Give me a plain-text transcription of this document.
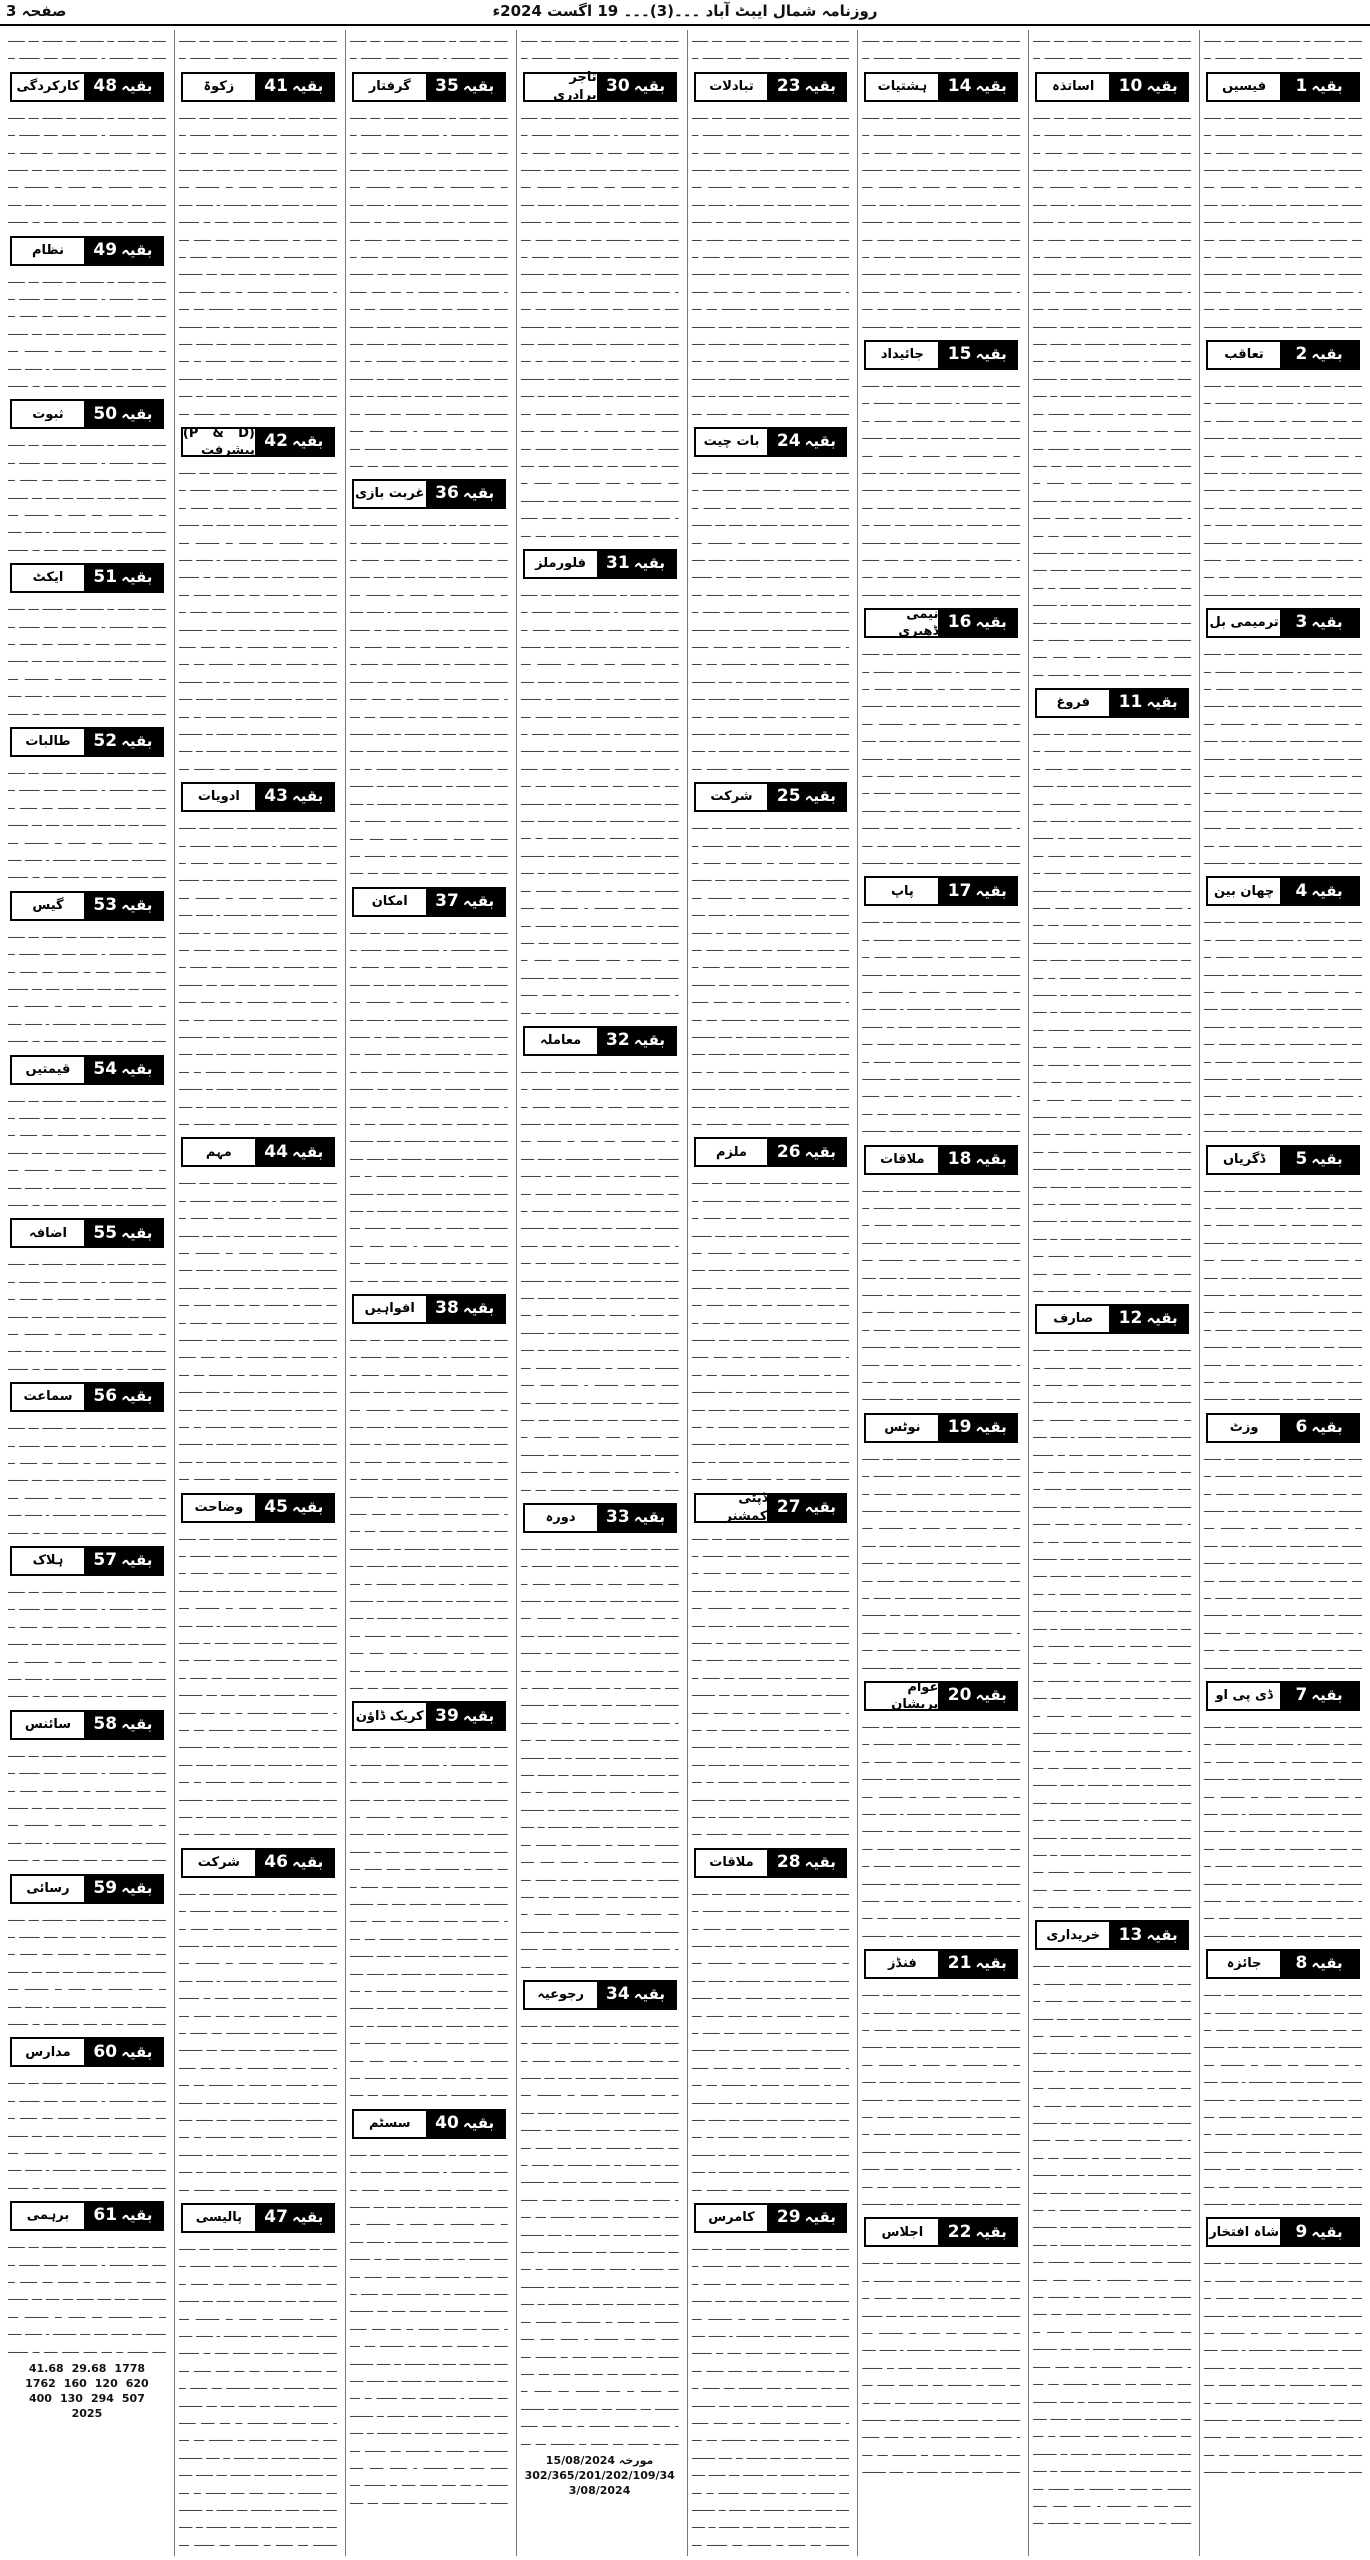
روزنامہ شمال ایبٹ آباد ۔۔۔(3)۔۔۔ 19 اگست 2024ء
صفحہ 3

ــــ ـــ ـــــ ــ ـــــــ ـــ ــــــ ـــ ـــــ ــــ ـــ ـــــــ ـ ـــــ ــــ ــــ ــــــ ــ

بقیہ
1
فیسیں

ــــ ـــ ـــــ ــ ـــــــ ـــ ــــــ ـــ ـــــ ــــ ـــ ـــــــ ـ ـــــ ــــ ــــ ــــــ ــ ـــ ــــ ـــــ ــــ ــ ــــــ ـــ ـــــ ــ ـــــــ ـــ ـــ ــــ ـــــ ـــ ــــ ـــ ــــــ ــ ــــ ـــــــ ـــ ـــــ ــ ـــــــ ـــ ــــــ ـــ ـــــ ــــ ـــ ـــــــ ـ ـــــ ــــ ــــ ــــــ ــ ـــ ــــ ـــــ ــــ ــ ــــــ ـــ ـــــ ــ ـــــــ ـــ ـــ ــــ ـــــ ـــ ــــ ـــ ــــــ ــ ــــ ـــــــ ـــ ـــــ ــ ـــــــ ـــ ــــــ ـــ ـــــ ــــ ـــ ـــــــ ـ ـــــ ــــ ــــ ــــــ ــ ـــ ــــ ـــــ ــــ ــ ــــــ ـــ ـــــ ــ ـــــــ ـــ ـــ ــــ ـــــ ـــ ــــ ـــ ــــــ ــ ــــ ـــــــ

بقیہ
2
تعاقب

ــــ ـــ ـــــ ــ ـــــــ ـــ ــــــ ـــ ـــــ ــــ ـــ ـــــــ ـ ـــــ ــــ ــــ ــــــ ــ ـــ ــــ ـــــ ــــ ــ ــــــ ـــ ـــــ ــ ـــــــ ـــ ـــ ــــ ـــــ ـــ ــــ ـــ ــــــ ــ ــــ ـــــــ ـــ ـــــ ــ ـــــــ ـــ ــــــ ـــ ـــــ ــــ ـــ ـــــــ ـ ـــــ ــــ ــــ ــــــ ــ ـــ ــــ ـــــ ــــ ــ ــــــ ـــ ـــــ ــ ـــــــ ـــ ـــ ــــ ـــــ ـــ ــــ ـــ ــــــ ــ ــــ ـــــــ ـــ ـــــ ــ ـــــــ ـــ ــــــ ـــ ـــــ ــــ ـــ ـــــــ ـ ـــــ ــــ ــــ ــــــ ــ ـــ ــــ ـــــ ــــ ــ ــــــ ـــ ـــــ ــ ـــــــ ـــ ـــ ــــ ـــــ ـــ ــــ ـــ ــــــ ــ ــــ ـــــــ

بقیہ
3
ترمیمی بل

ــــ ـــ ـــــ ــ ـــــــ ـــ ــــــ ـــ ـــــ ــــ ـــ ـــــــ ـ ـــــ ــــ ــــ ــــــ ــ ـــ ــــ ـــــ ــــ ــ ــــــ ـــ ـــــ ــ ـــــــ ـــ ـــ ــــ ـــــ ـــ ــــ ـــ ــــــ ــ ــــ ـــــــ ـــ ـــــ ــ ـــــــ ـــ ــــــ ـــ ـــــ ــــ ـــ ـــــــ ـ ـــــ ــــ ــــ ــــــ ــ ـــ ــــ ـــــ ــــ ــ ــــــ ـــ ـــــ ــ ـــــــ ـــ ـــ ــــ ـــــ ـــ ــــ ـــ ــــــ ــ ــــ ـــــــ ـــ ـــــ ــ ـــــــ ـــ ــــــ ـــ ـــــ ــــ ـــ ـــــــ ـ ـــــ ــــ ــــ ــــــ ــ ـــ ــــ ـــــ ــــ ــ ــــــ ـــ ـــــ ــ ـــــــ ـــ ـــ ــــ ـــــ ـــ ــــ ـــ ــــــ ــ ــــ ـــــــ

بقیہ
4
چھان بین

ــــ ـــ ـــــ ــ ـــــــ ـــ ــــــ ـــ ـــــ ــــ ـــ ـــــــ ـ ـــــ ــــ ــــ ــــــ ــ ـــ ــــ ـــــ ــــ ــ ــــــ ـــ ـــــ ــ ـــــــ ـــ ـــ ــــ ـــــ ـــ ــــ ـــ ــــــ ــ ــــ ـــــــ ـــ ـــــ ــ ـــــــ ـــ ــــــ ـــ ـــــ ــــ ـــ ـــــــ ـ ـــــ ــــ ــــ ــــــ ــ ـــ ــــ ـــــ ــــ ــ ــــــ ـــ ـــــ ــ ـــــــ ـــ ـــ ــــ ـــــ ـــ ــــ ـــ ــــــ ــ ــــ ـــــــ ـــ ـــــ ــ ـــــــ ـــ ــــــ ـــ ـــــ ــــ ـــ ـــــــ ـ ـــــ ــــ ــــ ــــــ ــ ـــ ــــ ـــــ ــــ ــ ــــــ ـــ ـــــ ــ ـــــــ ـــ ـــ ــــ ـــــ ـــ ــــ ـــ ــــــ ــ ــــ ـــــــ

بقیہ
5
ڈگریاں

ــــ ـــ ـــــ ــ ـــــــ ـــ ــــــ ـــ ـــــ ــــ ـــ ـــــــ ـ ـــــ ــــ ــــ ــــــ ــ ـــ ــــ ـــــ ــــ ــ ــــــ ـــ ـــــ ــ ـــــــ ـــ ـــ ــــ ـــــ ـــ ــــ ـــ ــــــ ــ ــــ ـــــــ ـــ ـــــ ــ ـــــــ ـــ ــــــ ـــ ـــــ ــــ ـــ ـــــــ ـ ـــــ ــــ ــــ ــــــ ــ ـــ ــــ ـــــ ــــ ــ ــــــ ـــ ـــــ ــ ـــــــ ـــ ـــ ــــ ـــــ ـــ ــــ ـــ ــــــ ــ ــــ ـــــــ ـــ ـــــ ــ ـــــــ ـــ ــــــ ـــ ـــــ ــــ ـــ ـــــــ ـ ـــــ ــــ ــــ ــــــ ــ ـــ ــــ ـــــ ــــ ــ ــــــ ـــ ـــــ ــ ـــــــ ـــ ـــ ــــ ـــــ ـــ ــــ ـــ ــــــ ــ ــــ ـــــــ

بقیہ
6
وزٹ

ــــ ـــ ـــــ ــ ـــــــ ـــ ــــــ ـــ ـــــ ــــ ـــ ـــــــ ـ ـــــ ــــ ــــ ــــــ ــ ـــ ــــ ـــــ ــــ ــ ــــــ ـــ ـــــ ــ ـــــــ ـــ ـــ ــــ ـــــ ـــ ــــ ـــ ــــــ ــ ــــ ـــــــ ـــ ـــــ ــ ـــــــ ـــ ــــــ ـــ ـــــ ــــ ـــ ـــــــ ـ ـــــ ــــ ــــ ــــــ ــ ـــ ــــ ـــــ ــــ ــ ــــــ ـــ ـــــ ــ ـــــــ ـــ ـــ ــــ ـــــ ـــ ــــ ـــ ــــــ ــ ــــ ـــــــ ـــ ـــــ ــ ـــــــ ـــ ــــــ ـــ ـــــ ــــ ـــ ـــــــ ـ ـــــ ــــ ــــ ــــــ ــ ـــ ــــ ـــــ ــــ ــ ــــــ ـــ ـــــ ــ ـــــــ ـــ ـــ ــــ ـــــ ـــ ــــ ـــ ــــــ ــ ــــ ـــــــ

بقیہ
7
ڈی پی او

ــــ ـــ ـــــ ــ ـــــــ ـــ ــــــ ـــ ـــــ ــــ ـــ ـــــــ ـ ـــــ ــــ ــــ ــــــ ــ ـــ ــــ ـــــ ــــ ــ ــــــ ـــ ـــــ ــ ـــــــ ـــ ـــ ــــ ـــــ ـــ ــــ ـــ ــــــ ــ ــــ ـــــــ ـــ ـــــ ــ ـــــــ ـــ ــــــ ـــ ـــــ ــــ ـــ ـــــــ ـ ـــــ ــــ ــــ ــــــ ــ ـــ ــــ ـــــ ــــ ــ ــــــ ـــ ـــــ ــ ـــــــ ـــ ـــ ــــ ـــــ ـــ ــــ ـــ ــــــ ــ ــــ ـــــــ ـــ ـــــ ــ ـــــــ ـــ ــــــ ـــ ـــــ ــــ ـــ ـــــــ ـ ـــــ ــــ ــــ ــــــ ــ ـــ ــــ ـــــ ــــ ــ ــــــ ـــ ـــــ ــ ـــــــ ـــ ـــ ــــ ـــــ ـــ ــــ ـــ ــــــ ــ ــــ ـــــــ

بقیہ
8
جائزہ

ــــ ـــ ـــــ ــ ـــــــ ـــ ــــــ ـــ ـــــ ــــ ـــ ـــــــ ـ ـــــ ــــ ــــ ــــــ ــ ـــ ــــ ـــــ ــــ ــ ــــــ ـــ ـــــ ــ ـــــــ ـــ ـــ ــــ ـــــ ـــ ــــ ـــ ــــــ ــ ــــ ـــــــ ـــ ـــــ ــ ـــــــ ـــ ــــــ ـــ ـــــ ــــ ـــ ـــــــ ـ ـــــ ــــ ــــ ــــــ ــ ـــ ــــ ـــــ ــــ ــ ــــــ ـــ ـــــ ــ ـــــــ ـــ ـــ ــــ ـــــ ـــ ــــ ـــ ــــــ ــ ــــ ـــــــ ـــ ـــــ ــ ـــــــ ـــ ــــــ ـــ ـــــ ــــ ـــ ـــــــ ـ ـــــ ــــ ــــ ــــــ ــ ـــ ــــ ـــــ ــــ ــ ــــــ ـــ ـــــ ــ ـــــــ ـــ ـــ ــــ ـــــ ـــ ــــ ـــ ــــــ ــ ــــ ـــــــ

بقیہ
9
شاہ افتخار

ــــ ـــ ـــــ ــ ـــــــ ـــ ــــــ ـــ ـــــ ــــ ـــ ـــــــ ـ ـــــ ــــ ــــ ــــــ ــ ـــ ــــ ـــــ ــــ ــ ــــــ ـــ ـــــ ــ ـــــــ ـــ ـــ ــــ ـــــ ـــ ــــ ـــ ــــــ ــ ــــ ـــــــ ـــ ـــــ ــ ـــــــ ـــ ــــــ ـــ ـــــ ــــ ـــ ـــــــ ـ ـــــ ــــ ــــ ــــــ ــ ـــ ــــ ـــــ ــــ ــ ــــــ ـــ ـــــ ــ ـــــــ ـــ ـــ ــــ ـــــ ـــ ــــ ـــ ــــــ ــ ــــ ـــــــ ـــ ـــــ ــ ـــــــ ـــ ــــــ ـــ ـــــ ــــ ـــ ـــــــ ـ ـــــ ــــ ــــ ــــــ ــ ـــ ــــ ـــــ ــــ ــ ــــــ ـــ ـــــ ــ ـــــــ ـــ ـــ ــــ ـــــ ـــ ــــ ـــ ــــــ ــ ــــ ـــــــ

ــــ ـــ ـــــ ــ ـــــــ ـــ ــــــ ـــ ـــــ ــــ ـــ ـــــــ ـ ـــــ ــــ ــــ ــــــ ــ

بقیہ
10
اساتذہ

ــــ ـــ ـــــ ــ ـــــــ ـــ ــــــ ـــ ـــــ ــــ ـــ ـــــــ ـ ـــــ ــــ ــــ ــــــ ــ ـــ ــــ ـــــ ــــ ــ ــــــ ـــ ـــــ ــ ـــــــ ـــ ـــ ــــ ـــــ ـــ ــــ ـــ ــــــ ــ ــــ ـــــــ ـــ ـــــ ــ ـــــــ ـــ ــــــ ـــ ـــــ ــــ ـــ ـــــــ ـ ـــــ ــــ ــــ ــــــ ــ ـــ ــــ ـــــ ــــ ــ ــــــ ـــ ـــــ ــ ـــــــ ـــ ـــ ــــ ـــــ ـــ ــــ ـــ ــــــ ــ ــــ ـــــــ ـــ ـــــ ــ ـــــــ ـــ ــــــ ـــ ـــــ ــــ ـــ ـــــــ ـ ـــــ ــــ ــــ ــــــ ــ ـــ ــــ ـــــ ــــ ــ ــــــ ـــ ـــــ ــ ـــــــ ـــ ـــ ــــ ـــــ ـــ ــــ ـــ ــــــ ــ ــــ ـــــــ ـــ ـــــ ــ ـــــــ ـــ ــــــ ـــ ـــــ ــــ ـــ ـــــــ ـ ـــــ ــــ ــــ ــــــ ــ ـــ ــــ ـــــ ــــ ــ ــــــ ـــ ـــــ ــ ـــــــ ـــ ـــ ــــ ـــــ ـــ ــــ ـــ ــــــ ــ ــــ ـــــــ ـــ ـــــ ــ ـــــــ ـــ ــــــ ـــ ـــــ ــــ ـــ ـــــــ ـ ـــــ ــــ ــــ ــــــ ــ ـــ ــــ ـــــ ــــ ــ ــــــ ـــ ـــــ ــ ـــــــ ـــ ـــ ــــ ـــــ ـــ ــــ ـــ ــــــ ــ ــــ ـــــــ ـــ ـــــ ــ ـــــــ ـــ ــــــ ـــ ـــــ ــــ ـــ ـــــــ ـ ـــــ ــــ ــــ ــــــ ــ ـــ ــــ ـــــ ــــ ــ ــــــ ـــ ـــــ ــ ـــــــ ـــ ـــ ــــ ـــــ ـــ ــــ ـــ ــــــ ــ ــــ ـــــــ ـــ ـــــ ــ ـــــــ ـــ ــــــ ـــ ـــــ ــــ ـــ ـــــــ ـ ـــــ ــــ ــــ ــــــ ــ ـــ ــــ ـــــ ــــ ــ ــــــ ـــ ـــــ ــ ـــــــ ـــ ـــ ــــ ـــــ ـــ ــــ ـــ ــــــ ــ ــــ ـــــــ ـــ ـــــ ــ ـــــــ ـــ ــــــ ـــ ـــــ ــــ ـــ ـــــــ ـ ـــــ ــــ ــــ ــــــ ــ ـــ ــــ ـــــ ــــ ــ ــــــ ـــ

بقیہ
11
فروغ

ــــ ـــ ـــــ ــ ـــــــ ـــ ــــــ ـــ ـــــ ــــ ـــ ـــــــ ـ ـــــ ــــ ــــ ــــــ ــ ـــ ــــ ـــــ ــــ ــ ــــــ ـــ ـــــ ــ ـــــــ ـــ ـــ ــــ ـــــ ـــ ــــ ـــ ــــــ ــ ــــ ـــــــ ـــ ـــــ ــ ـــــــ ـــ ــــــ ـــ ـــــ ــــ ـــ ـــــــ ـ ـــــ ــــ ــــ ــــــ ــ ـــ ــــ ـــــ ــــ ــ ــــــ ـــ ـــــ ــ ـــــــ ـــ ـــ ــــ ـــــ ـــ ــــ ـــ ــــــ ــ ــــ ـــــــ ـــ ـــــ ــ ـــــــ ـــ ــــــ ـــ ـــــ ــــ ـــ ـــــــ ـ ـــــ ــــ ــــ ــــــ ــ ـــ ــــ ـــــ ــــ ــ ــــــ ـــ ـــــ ــ ـــــــ ـــ ـــ ــــ ـــــ ـــ ــــ ـــ ــــــ ــ ــــ ـــــــ ـــ ـــــ ــ ـــــــ ـــ ــــــ ـــ ـــــ ــــ ـــ ـــــــ ـ ـــــ ــــ ــــ ــــــ ــ ـــ ــــ ـــــ ــــ ــ ــــــ ـــ ـــــ ــ ـــــــ ـــ ـــ ــــ ـــــ ـــ ــــ ـــ ــــــ ــ ــــ ـــــــ ـــ ـــــ ــ ـــــــ ـــ ــــــ ـــ ـــــ ــــ ـــ ـــــــ ـ ـــــ ــــ ــــ ــــــ ــ ـــ ــــ ـــــ ــــ ــ ــــــ ـــ ـــــ ــ ـــــــ ـــ ـــ ــــ ـــــ ـــ ــــ ـــ ــــــ ــ ــــ ـــــــ ـــ ـــــ ــ ـــــــ ـــ ــــــ ـــ ـــــ ــــ ـــ ـــــــ ـ ـــــ ــــ ــــ ــــــ ــ ـــ ــــ ـــــ ــــ ــ ــــــ ـــ ـــــ ــ ـــــــ ـــ ـــ ــــ ـــــ ـــ ــــ ـــ ــــــ ــ ــــ ـــــــ ـــ ـــــ ــ ـــــــ ـــ ــــــ ـــ ـــــ ــــ ـــ ـــــــ ـ ـــــ ــــ ــــ ــــــ ــ ـــ ــــ ـــــ ــــ ــ ــــــ ـــ ـــــ ــ ـــــــ ـــ ـــ ــــ ـــــ ـــ ــــ ـــ ــــــ ــ ــــ ـــــــ ـــ ـــــ ــ ـــــــ ـــ ــــــ ـــ ـــــ ــــ ـــ ـــــــ ـ ـــــ ــــ ــــ ــــــ ــ ـــ ــــ ـــــ ــــ ــ ــــــ ـــ

بقیہ
12
صارف

ــــ ـــ ـــــ ــ ـــــــ ـــ ــــــ ـــ ـــــ ــــ ـــ ـــــــ ـ ـــــ ــــ ــــ ــــــ ــ ـــ ــــ ـــــ ــــ ــ ــــــ ـــ ـــــ ــ ـــــــ ـــ ـــ ــــ ـــــ ـــ ــــ ـــ ــــــ ــ ــــ ـــــــ ـــ ـــــ ــ ـــــــ ـــ ــــــ ـــ ـــــ ــــ ـــ ـــــــ ـ ـــــ ــــ ــــ ــــــ ــ ـــ ــــ ـــــ ــــ ــ ــــــ ـــ ـــــ ــ ـــــــ ـــ ـــ ــــ ـــــ ـــ ــــ ـــ ــــــ ــ ــــ ـــــــ ـــ ـــــ ــ ـــــــ ـــ ــــــ ـــ ـــــ ــــ ـــ ـــــــ ـ ـــــ ــــ ــــ ــــــ ــ ـــ ــــ ـــــ ــــ ــ ــــــ ـــ ـــــ ــ ـــــــ ـــ ـــ ــــ ـــــ ـــ ــــ ـــ ــــــ ــ ــــ ـــــــ ـــ ـــــ ــ ـــــــ ـــ ــــــ ـــ ـــــ ــــ ـــ ـــــــ ـ ـــــ ــــ ــــ ــــــ ــ ـــ ــــ ـــــ ــــ ــ ــــــ ـــ ـــــ ــ ـــــــ ـــ ـــ ــــ ـــــ ـــ ــــ ـــ ــــــ ــ ــــ ـــــــ ـــ ـــــ ــ ـــــــ ـــ ــــــ ـــ ـــــ ــــ ـــ ـــــــ ـ ـــــ ــــ ــــ ــــــ ــ ـــ ــــ ـــــ ــــ ــ ــــــ ـــ ـــــ ــ ـــــــ ـــ ـــ ــــ ـــــ ـــ ــــ ـــ ــــــ ــ ــــ ـــــــ ـــ ـــــ ــ ـــــــ ـــ ــــــ ـــ ـــــ ــــ ـــ ـــــــ ـ ـــــ ــــ ــــ ــــــ ــ ـــ ــــ ـــــ ــــ ــ ــــــ ـــ ـــــ ــ ـــــــ ـــ ـــ ــــ ـــــ ـــ ــــ ـــ ــــــ ــ ــــ ـــــــ ـــ ـــــ ــ ـــــــ ـــ ــــــ ـــ ـــــ ــــ ـــ ـــــــ ـ ـــــ ــــ ــــ ــــــ ــ ـــ ــــ ـــــ ــــ ــ ــــــ ـــ ـــــ ــ ـــــــ ـــ ـــ ــــ ـــــ ـــ ــــ ـــ ــــــ ــ ــــ ـــــــ ـــ ـــــ ــ ـــــــ ـــ ــــــ ـــ ـــــ ــــ ـــ ـــــــ ـ ـــــ ــــ ــــ ــــــ ــ ـــ ــــ ـــــ ــــ ــ ــــــ ـــ

بقیہ
13
خریداری

ــــ ـــ ـــــ ــ ـــــــ ـــ ــــــ ـــ ـــــ ــــ ـــ ـــــــ ـ ـــــ ــــ ــــ ــــــ ــ ـــ ــــ ـــــ ــــ ــ ــــــ ـــ ـــــ ــ ـــــــ ـــ ـــ ــــ ـــــ ـــ ــــ ـــ ــــــ ــ ــــ ـــــــ ـــ ـــــ ــ ـــــــ ـــ ــــــ ـــ ـــــ ــــ ـــ ـــــــ ـ ـــــ ــــ ــــ ــــــ ــ ـــ ــــ ـــــ ــــ ــ ــــــ ـــ ـــــ ــ ـــــــ ـــ ـــ ــــ ـــــ ـــ ــــ ـــ ــــــ ــ ــــ ـــــــ ـــ ـــــ ــ ـــــــ ـــ ــــــ ـــ ـــــ ــــ ـــ ـــــــ ـ ـــــ ــــ ــــ ــــــ ــ ـــ ــــ ـــــ ــــ ــ ــــــ ـــ ـــــ ــ ـــــــ ـــ ـــ ــــ ـــــ ـــ ــــ ـــ ــــــ ــ ــــ ـــــــ ـــ ـــــ ــ ـــــــ ـــ ــــــ ـــ ـــــ ــــ ـــ ـــــــ ـ ـــــ ــــ ــــ ــــــ ــ ـــ ــــ ـــــ ــــ ــ ــــــ ـــ ـــــ ــ ـــــــ ـــ ـــ ــــ ـــــ ـــ ــــ ـــ ــــــ ــ ــــ ـــــــ ـــ ـــــ ــ ـــــــ ـــ ــــــ ـــ ـــــ ــــ ـــ ـــــــ ـ ـــــ ــــ ــــ ــــــ ــ ـــ ــــ ـــــ ــــ ــ ــــــ ـــ ـــــ ــ ـــــــ ـــ ـــ ــــ ـــــ ـــ ــــ ـــ ــــــ ــ ــــ ـــــــ ـــ ـــــ ــ ـــــــ ـــ ــــــ ـــ ـــــ ــــ ـــ ـــــــ ـ ـــــ ــــ ــــ ــــــ ــ ـــ ــــ ـــــ ــــ ــ ــــــ ـــ ـــــ ــ ـــــــ ـــ ـــ ــــ ـــــ ـــ ــــ ـــ ــــــ ــ ــــ ـــــــ ـــ ـــــ ــ ـــــــ ـــ ــــــ ـــ ـــــ ــــ ـــ ـــــــ ـ ـــــ ــــ ــــ ــــــ ــ ـــ ــــ ـــــ ــــ ــ ــــــ ـــ ـــــ ــ ـــــــ ـــ ـــ ــــ ـــــ ـــ ــــ ـــ ــــــ ــ ــــ ـــــــ ـــ ـــــ ــ ـــــــ ـــ ــــــ ـــ ـــــ ــــ ـــ ـــــــ ـ ـــــ ــــ ــــ ــــــ ــ ـــ ــــ ـــــ ــــ ــ ــــــ ـــ

ــــ ـــ ـــــ ــ ـــــــ ـــ ــــــ ـــ ـــــ ــــ ـــ ـــــــ ـ ـــــ ــــ ــــ ــــــ ــ

بقیہ
14
ہشتیات

ــــ ـــ ـــــ ــ ـــــــ ـــ ــــــ ـــ ـــــ ــــ ـــ ـــــــ ـ ـــــ ــــ ــــ ــــــ ــ ـــ ــــ ـــــ ــــ ــ ــــــ ـــ ـــــ ــ ـــــــ ـــ ـــ ــــ ـــــ ـــ ــــ ـــ ــــــ ــ ــــ ـــــــ ـــ ـــــ ــ ـــــــ ـــ ــــــ ـــ ـــــ ــــ ـــ ـــــــ ـ ـــــ ــــ ــــ ــــــ ــ ـــ ــــ ـــــ ــــ ــ ــــــ ـــ ـــــ ــ ـــــــ ـــ ـــ ــــ ـــــ ـــ ــــ ـــ ــــــ ــ ــــ ـــــــ ـــ ـــــ ــ ـــــــ ـــ ــــــ ـــ ـــــ ــــ ـــ ـــــــ ـ ـــــ ــــ ــــ ــــــ ــ ـــ ــــ ـــــ ــــ ــ ــــــ ـــ ـــــ ــ ـــــــ ـــ ـــ ــــ ـــــ ـــ ــــ ـــ ــــــ ــ ــــ ـــــــ

بقیہ
15
جائیداد

ــــ ـــ ـــــ ــ ـــــــ ـــ ــــــ ـــ ـــــ ــــ ـــ ـــــــ ـ ـــــ ــــ ــــ ــــــ ــ ـــ ــــ ـــــ ــــ ــ ــــــ ـــ ـــــ ــ ـــــــ ـــ ـــ ــــ ـــــ ـــ ــــ ـــ ــــــ ــ ــــ ـــــــ ـــ ـــــ ــ ـــــــ ـــ ــــــ ـــ ـــــ ــــ ـــ ـــــــ ـ ـــــ ــــ ــــ ــــــ ــ ـــ ــــ ـــــ ــــ ــ ــــــ ـــ ـــــ ــ ـــــــ ـــ ـــ ــــ ـــــ ـــ ــــ ـــ ــــــ ــ ــــ ـــــــ ـــ ـــــ ــ ـــــــ ـــ ــــــ ـــ ـــــ ــــ ـــ ـــــــ ـ ـــــ ــــ ــــ ــــــ ــ ـــ ــــ ـــــ ــــ ــ ــــــ ـــ ـــــ ــ ـــــــ ـــ ـــ ــــ ـــــ ـــ ــــ ـــ ــــــ ــ ــــ ـــــــ

بقیہ
16
نیمی ڈھیری

ــــ ـــ ـــــ ــ ـــــــ ـــ ــــــ ـــ ـــــ ــــ ـــ ـــــــ ـ ـــــ ــــ ــــ ــــــ ــ ـــ ــــ ـــــ ــــ ــ ــــــ ـــ ـــــ ــ ـــــــ ـــ ـــ ــــ ـــــ ـــ ــــ ـــ ــــــ ــ ــــ ـــــــ ـــ ـــــ ــ ـــــــ ـــ ــــــ ـــ ـــــ ــــ ـــ ـــــــ ـ ـــــ ــــ ــــ ــــــ ــ ـــ ــــ ـــــ ــــ ــ ــــــ ـــ ـــــ ــ ـــــــ ـــ ـــ ــــ ـــــ ـــ ــــ ـــ ــــــ ــ ــــ ـــــــ ـــ ـــــ ــ ـــــــ ـــ ــــــ ـــ ـــــ ــــ ـــ ـــــــ ـ ـــــ ــــ ــــ ــــــ ــ ـــ ــــ ـــــ ــــ ــ ــــــ ـــ ـــــ ــ ـــــــ ـــ ـــ ــــ ـــــ ـــ ــــ ـــ ــــــ ــ ــــ ـــــــ

بقیہ
17
پاپ

ــــ ـــ ـــــ ــ ـــــــ ـــ ــــــ ـــ ـــــ ــــ ـــ ـــــــ ـ ـــــ ــــ ــــ ــــــ ــ ـــ ــــ ـــــ ــــ ــ ــــــ ـــ ـــــ ــ ـــــــ ـــ ـــ ــــ ـــــ ـــ ــــ ـــ ــــــ ــ ــــ ـــــــ ـــ ـــــ ــ ـــــــ ـــ ــــــ ـــ ـــــ ــــ ـــ ـــــــ ـ ـــــ ــــ ــــ ــــــ ــ ـــ ــــ ـــــ ــــ ــ ــــــ ـــ ـــــ ــ ـــــــ ـــ ـــ ــــ ـــــ ـــ ــــ ـــ ــــــ ــ ــــ ـــــــ ـــ ـــــ ــ ـــــــ ـــ ــــــ ـــ ـــــ ــــ ـــ ـــــــ ـ ـــــ ــــ ــــ ــــــ ــ ـــ ــــ ـــــ ــــ ــ ــــــ ـــ ـــــ ــ ـــــــ ـــ ـــ ــــ ـــــ ـــ ــــ ـــ ــــــ ــ ــــ ـــــــ

بقیہ
18
ملاقات

ــــ ـــ ـــــ ــ ـــــــ ـــ ــــــ ـــ ـــــ ــــ ـــ ـــــــ ـ ـــــ ــــ ــــ ــــــ ــ ـــ ــــ ـــــ ــــ ــ ــــــ ـــ ـــــ ــ ـــــــ ـــ ـــ ــــ ـــــ ـــ ــــ ـــ ــــــ ــ ــــ ـــــــ ـــ ـــــ ــ ـــــــ ـــ ــــــ ـــ ـــــ ــــ ـــ ـــــــ ـ ـــــ ــــ ــــ ــــــ ــ ـــ ــــ ـــــ ــــ ــ ــــــ ـــ ـــــ ــ ـــــــ ـــ ـــ ــــ ـــــ ـــ ــــ ـــ ــــــ ــ ــــ ـــــــ ـــ ـــــ ــ ـــــــ ـــ ــــــ ـــ ـــــ ــــ ـــ ـــــــ ـ ـــــ ــــ ــــ ــــــ ــ ـــ ــــ ـــــ ــــ ــ ــــــ ـــ ـــــ ــ ـــــــ ـــ ـــ ــــ ـــــ ـــ ــــ ـــ ــــــ ــ ــــ ـــــــ

بقیہ
19
نوٹس

ــــ ـــ ـــــ ــ ـــــــ ـــ ــــــ ـــ ـــــ ــــ ـــ ـــــــ ـ ـــــ ــــ ــــ ــــــ ــ ـــ ــــ ـــــ ــــ ــ ــــــ ـــ ـــــ ــ ـــــــ ـــ ـــ ــــ ـــــ ـــ ــــ ـــ ــــــ ــ ــــ ـــــــ ـــ ـــــ ــ ـــــــ ـــ ــــــ ـــ ـــــ ــــ ـــ ـــــــ ـ ـــــ ــــ ــــ ــــــ ــ ـــ ــــ ـــــ ــــ ــ ــــــ ـــ ـــــ ــ ـــــــ ـــ ـــ ــــ ـــــ ـــ ــــ ـــ ــــــ ــ ــــ ـــــــ ـــ ـــــ ــ ـــــــ ـــ ــــــ ـــ ـــــ ــــ ـــ ـــــــ ـ ـــــ ــــ ــــ ــــــ ــ ـــ ــــ ـــــ ــــ ــ ــــــ ـــ ـــــ ــ ـــــــ ـــ ـــ ــــ ـــــ ـــ ــــ ـــ ــــــ ــ ــــ ـــــــ

بقیہ
20
عوام پریشان

ــــ ـــ ـــــ ــ ـــــــ ـــ ــــــ ـــ ـــــ ــــ ـــ ـــــــ ـ ـــــ ــــ ــــ ــــــ ــ ـــ ــــ ـــــ ــــ ــ ــــــ ـــ ـــــ ــ ـــــــ ـــ ـــ ــــ ـــــ ـــ ــــ ـــ ــــــ ــ ــــ ـــــــ ـــ ـــــ ــ ـــــــ ـــ ــــــ ـــ ـــــ ــــ ـــ ـــــــ ـ ـــــ ــــ ــــ ــــــ ــ ـــ ــــ ـــــ ــــ ــ ــــــ ـــ ـــــ ــ ـــــــ ـــ ـــ ــــ ـــــ ـــ ــــ ـــ ــــــ ــ ــــ ـــــــ ـــ ـــــ ــ ـــــــ ـــ ــــــ ـــ ـــــ ــــ ـــ ـــــــ ـ ـــــ ــــ ــــ ــــــ ــ ـــ ــــ ـــــ ــــ ــ ــــــ ـــ ـــــ ــ ـــــــ ـــ ـــ ــــ ـــــ ـــ ــــ ـــ ــــــ ــ ــــ ـــــــ

بقیہ
21
فنڈز

ــــ ـــ ـــــ ــ ـــــــ ـــ ــــــ ـــ ـــــ ــــ ـــ ـــــــ ـ ـــــ ــــ ــــ ــــــ ــ ـــ ــــ ـــــ ــــ ــ ــــــ ـــ ـــــ ــ ـــــــ ـــ ـــ ــــ ـــــ ـــ ــــ ـــ ــــــ ــ ــــ ـــــــ ـــ ـــــ ــ ـــــــ ـــ ــــــ ـــ ـــــ ــــ ـــ ـــــــ ـ ـــــ ــــ ــــ ــــــ ــ ـــ ــــ ـــــ ــــ ــ ــــــ ـــ ـــــ ــ ـــــــ ـــ ـــ ــــ ـــــ ـــ ــــ ـــ ــــــ ــ ــــ ـــــــ ـــ ـــــ ــ ـــــــ ـــ ــــــ ـــ ـــــ ــــ ـــ ـــــــ ـ ـــــ ــــ ــــ ــــــ ــ ـــ ــــ ـــــ ــــ ــ ــــــ ـــ ـــــ ــ ـــــــ ـــ ـــ ــــ ـــــ ـــ ــــ ـــ ــــــ ــ ــــ ـــــــ

بقیہ
22
اجلاس

ــــ ـــ ـــــ ــ ـــــــ ـــ ــــــ ـــ ـــــ ــــ ـــ ـــــــ ـ ـــــ ــــ ــــ ــــــ ــ ـــ ــــ ـــــ ــــ ــ ــــــ ـــ ـــــ ــ ـــــــ ـــ ـــ ــــ ـــــ ـــ ــــ ـــ ــــــ ــ ــــ ـــــــ ـــ ـــــ ــ ـــــــ ـــ ــــــ ـــ ـــــ ــــ ـــ ـــــــ ـ ـــــ ــــ ــــ ــــــ ــ ـــ ــــ ـــــ ــــ ــ ــــــ ـــ ـــــ ــ ـــــــ ـــ ـــ ــــ ـــــ ـــ ــــ ـــ ــــــ ــ ــــ ـــــــ ـــ ـــــ ــ ـــــــ ـــ ــــــ ـــ ـــــ ــــ ـــ ـــــــ ـ ـــــ ــــ ــــ ــــــ ــ ـــ ــــ ـــــ ــــ ــ ــــــ ـــ ـــــ ــ ـــــــ ـــ ـــ ــــ ـــــ ـــ ــــ ـــ ــــــ ــ ــــ ـــــــ

ــــ ـــ ـــــ ــ ـــــــ ـــ ــــــ ـــ ـــــ ــــ ـــ ـــــــ ـ ـــــ ــــ ــــ ــــــ ــ

بقیہ
23
تبادلات

ــــ ـــ ـــــ ــ ـــــــ ـــ ــــــ ـــ ـــــ ــــ ـــ ـــــــ ـ ـــــ ــــ ــــ ــــــ ــ ـــ ــــ ـــــ ــــ ــ ــــــ ـــ ـــــ ــ ـــــــ ـــ ـــ ــــ ـــــ ـــ ــــ ـــ ــــــ ــ ــــ ـــــــ ـــ ـــــ ــ ـــــــ ـــ ــــــ ـــ ـــــ ــــ ـــ ـــــــ ـ ـــــ ــــ ــــ ــــــ ــ ـــ ــــ ـــــ ــــ ــ ــــــ ـــ ـــــ ــ ـــــــ ـــ ـــ ــــ ـــــ ـــ ــــ ـــ ــــــ ــ ــــ ـــــــ ـــ ـــــ ــ ـــــــ ـــ ــــــ ـــ ـــــ ــــ ـــ ـــــــ ـ ـــــ ــــ ــــ ــــــ ــ ـــ ــــ ـــــ ــــ ــ ــــــ ـــ ـــــ ــ ـــــــ ـــ ـــ ــــ ـــــ ـــ ــــ ـــ ــــــ ــ ــــ ـــــــ ـــ ـــــ ــ ـــــــ ـــ ــــــ ـــ ـــــ ــــ ـــ ـــــــ ـ ـــــ ــــ ــــ ــــــ ــ ـــ ــــ ـــــ ــــ ــ ــــــ ـــ ـــــ ــ ـــــــ ـــ ـــ ــــ ـــــ ـــ ــــ ـــ ــــــ ــ ــــ ـــــــ ـــ ـــــ ــ ـــــــ ـــ ــــــ ـــ

بقیہ
24
بات چیت

ــــ ـــ ـــــ ــ ـــــــ ـــ ــــــ ـــ ـــــ ــــ ـــ ـــــــ ـ ـــــ ــــ ــــ ــــــ ــ ـــ ــــ ـــــ ــــ ــ ــــــ ـــ ـــــ ــ ـــــــ ـــ ـــ ــــ ـــــ ـــ ــــ ـــ ــــــ ــ ــــ ـــــــ ـــ ـــــ ــ ـــــــ ـــ ــــــ ـــ ـــــ ــــ ـــ ـــــــ ـ ـــــ ــــ ــــ ــــــ ــ ـــ ــــ ـــــ ــــ ــ ــــــ ـــ ـــــ ــ ـــــــ ـــ ـــ ــــ ـــــ ـــ ــــ ـــ ــــــ ــ ــــ ـــــــ ـــ ـــــ ــ ـــــــ ـــ ــــــ ـــ ـــــ ــــ ـــ ـــــــ ـ ـــــ ــــ ــــ ــــــ ــ ـــ ــــ ـــــ ــــ ــ ــــــ ـــ ـــــ ــ ـــــــ ـــ ـــ ــــ ـــــ ـــ ــــ ـــ ــــــ ــ ــــ ـــــــ ـــ ـــــ ــ ـــــــ ـــ ــــــ ـــ ـــــ ــــ ـــ ـــــــ ـ ـــــ ــــ ــــ ــــــ ــ ـــ ــــ ـــــ ــــ ــ ــــــ ـــ ـــــ ــ ـــــــ ـــ ـــ ــــ ـــــ ـــ ــــ ـــ ــــــ ــ ــــ ـــــــ ـــ ـــــ ــ ـــــــ ـــ ــــــ ـــ

بقیہ
25
شرکت

ــــ ـــ ـــــ ــ ـــــــ ـــ ــــــ ـــ ـــــ ــــ ـــ ـــــــ ـ ـــــ ــــ ــــ ــــــ ــ ـــ ــــ ـــــ ــــ ــ ــــــ ـــ ـــــ ــ ـــــــ ـــ ـــ ــــ ـــــ ـــ ــــ ـــ ــــــ ــ ــــ ـــــــ ـــ ـــــ ــ ـــــــ ـــ ــــــ ـــ ـــــ ــــ ـــ ـــــــ ـ ـــــ ــــ ــــ ــــــ ــ ـــ ــــ ـــــ ــــ ــ ــــــ ـــ ـــــ ــ ـــــــ ـــ ـــ ــــ ـــــ ـــ ــــ ـــ ــــــ ــ ــــ ـــــــ ـــ ـــــ ــ ـــــــ ـــ ــــــ ـــ ـــــ ــــ ـــ ـــــــ ـ ـــــ ــــ ــــ ــــــ ــ ـــ ــــ ـــــ ــــ ــ ــــــ ـــ ـــــ ــ ـــــــ ـــ ـــ ــــ ـــــ ـــ ــــ ـــ ــــــ ــ ــــ ـــــــ ـــ ـــــ ــ ـــــــ ـــ ــــــ ـــ ـــــ ــــ ـــ ـــــــ ـ ـــــ ــــ ــــ ــــــ ــ ـــ ــــ ـــــ ــــ ــ ــــــ ـــ ـــــ ــ ـــــــ ـــ ـــ ــــ ـــــ ـــ ــــ ـــ ــــــ ــ ــــ ـــــــ ـــ ـــــ ــ ـــــــ ـــ ــــــ ـــ

بقیہ
26
ملزم

ــــ ـــ ـــــ ــ ـــــــ ـــ ــــــ ـــ ـــــ ــــ ـــ ـــــــ ـ ـــــ ــــ ــــ ــــــ ــ ـــ ــــ ـــــ ــــ ــ ــــــ ـــ ـــــ ــ ـــــــ ـــ ـــ ــــ ـــــ ـــ ــــ ـــ ــــــ ــ ــــ ـــــــ ـــ ـــــ ــ ـــــــ ـــ ــــــ ـــ ـــــ ــــ ـــ ـــــــ ـ ـــــ ــــ ــــ ــــــ ــ ـــ ــــ ـــــ ــــ ــ ــــــ ـــ ـــــ ــ ـــــــ ـــ ـــ ــــ ـــــ ـــ ــــ ـــ ــــــ ــ ــــ ـــــــ ـــ ـــــ ــ ـــــــ ـــ ــــــ ـــ ـــــ ــــ ـــ ـــــــ ـ ـــــ ــــ ــــ ــــــ ــ ـــ ــــ ـــــ ــــ ــ ــــــ ـــ ـــــ ــ ـــــــ ـــ ـــ ــــ ـــــ ـــ ــــ ـــ ــــــ ــ ــــ ـــــــ ـــ ـــــ ــ ـــــــ ـــ ــــــ ـــ ـــــ ــــ ـــ ـــــــ ـ ـــــ ــــ ــــ ــــــ ــ ـــ ــــ ـــــ ــــ ــ ــــــ ـــ ـــــ ــ ـــــــ ـــ ـــ ــــ ـــــ ـــ ــــ ـــ ــــــ ــ ــــ ـــــــ ـــ ـــــ ــ ـــــــ ـــ ــــــ ـــ

بقیہ
27
ڈپٹی کمشنر

ــــ ـــ ـــــ ــ ـــــــ ـــ ــــــ ـــ ـــــ ــــ ـــ ـــــــ ـ ـــــ ــــ ــــ ــــــ ــ ـــ ــــ ـــــ ــــ ــ ــــــ ـــ ـــــ ــ ـــــــ ـــ ـــ ــــ ـــــ ـــ ــــ ـــ ــــــ ــ ــــ ـــــــ ـــ ـــــ ــ ـــــــ ـــ ــــــ ـــ ـــــ ــــ ـــ ـــــــ ـ ـــــ ــــ ــــ ــــــ ــ ـــ ــــ ـــــ ــــ ــ ــــــ ـــ ـــــ ــ ـــــــ ـــ ـــ ــــ ـــــ ـــ ــــ ـــ ــــــ ــ ــــ ـــــــ ـــ ـــــ ــ ـــــــ ـــ ــــــ ـــ ـــــ ــــ ـــ ـــــــ ـ ـــــ ــــ ــــ ــــــ ــ ـــ ــــ ـــــ ــــ ــ ــــــ ـــ ـــــ ــ ـــــــ ـــ ـــ ــــ ـــــ ـــ ــــ ـــ ــــــ ــ ــــ ـــــــ ـــ ـــــ ــ ـــــــ ـــ ــــــ ـــ ـــــ ــــ ـــ ـــــــ ـ ـــــ ــــ ــــ ــــــ ــ ـــ ــــ ـــــ ــــ ــ ــــــ ـــ ـــــ ــ ـــــــ ـــ ـــ ــــ ـــــ ـــ ــــ ـــ ــــــ ــ ــــ ـــــــ ـــ ـــــ ــ ـــــــ ـــ ــــــ ـــ

بقیہ
28
ملاقات

ــــ ـــ ـــــ ــ ـــــــ ـــ ــــــ ـــ ـــــ ــــ ـــ ـــــــ ـ ـــــ ــــ ــــ ــــــ ــ ـــ ــــ ـــــ ــــ ــ ــــــ ـــ ـــــ ــ ـــــــ ـــ ـــ ــــ ـــــ ـــ ــــ ـــ ــــــ ــ ــــ ـــــــ ـــ ـــــ ــ ـــــــ ـــ ــــــ ـــ ـــــ ــــ ـــ ـــــــ ـ ـــــ ــــ ــــ ــــــ ــ ـــ ــــ ـــــ ــــ ــ ــــــ ـــ ـــــ ــ ـــــــ ـــ ـــ ــــ ـــــ ـــ ــــ ـــ ــــــ ــ ــــ ـــــــ ـــ ـــــ ــ ـــــــ ـــ ــــــ ـــ ـــــ ــــ ـــ ـــــــ ـ ـــــ ــــ ــــ ــــــ ــ ـــ ــــ ـــــ ــــ ــ ــــــ ـــ ـــــ ــ ـــــــ ـــ ـــ ــــ ـــــ ـــ ــــ ـــ ــــــ ــ ــــ ـــــــ ـــ ـــــ ــ ـــــــ ـــ ــــــ ـــ ـــــ ــــ ـــ ـــــــ ـ ـــــ ــــ ــــ ــــــ ــ ـــ ــــ ـــــ ــــ ــ ــــــ ـــ ـــــ ــ ـــــــ ـــ ـــ ــــ ـــــ ـــ ــــ ـــ ــــــ ــ ــــ ـــــــ ـــ ـــــ ــ ـــــــ ـــ ــــــ ـــ

بقیہ
29
کامرس

ــــ ـــ ـــــ ــ ـــــــ ـــ ــــــ ـــ ـــــ ــــ ـــ ـــــــ ـ ـــــ ــــ ــــ ــــــ ــ ـــ ــــ ـــــ ــــ ــ ــــــ ـــ ـــــ ــ ـــــــ ـــ ـــ ــــ ـــــ ـــ ــــ ـــ ــــــ ــ ــــ ـــــــ ـــ ـــــ ــ ـــــــ ـــ ــــــ ـــ ـــــ ــــ ـــ ـــــــ ـ ـــــ ــــ ــــ ــــــ ــ ـــ ــــ ـــــ ــــ ــ ــــــ ـــ ـــــ ــ ـــــــ ـــ ـــ ــــ ـــــ ـــ ــــ ـــ ــــــ ــ ــــ ـــــــ ـــ ـــــ ــ ـــــــ ـــ ــــــ ـــ ـــــ ــــ ـــ ـــــــ ـ ـــــ ــــ ــــ ــــــ ــ ـــ ــــ ـــــ ــــ ــ ــــــ ـــ ـــــ ــ ـــــــ ـــ ـــ ــــ ـــــ ـــ ــــ ـــ ــــــ ــ ــــ ـــــــ ـــ ـــــ ــ ـــــــ ـــ ــــــ ـــ ـــــ ــــ ـــ ـــــــ ـ ـــــ ــــ ــــ ــــــ ــ ـــ ــــ ـــــ ــــ ــ ــــــ ـــ ـــــ ــ ـــــــ ـــ ـــ ــــ ـــــ ـــ ــــ ـــ ــــــ ــ ــــ ـــــــ ـــ ـــــ ــ ـــــــ ـــ ــــــ ـــ

ــــ ـــ ـــــ ــ ـــــــ ـــ ــــــ ـــ ـــــ ــــ ـــ ـــــــ ـ ـــــ ــــ ــــ ــــــ ــ

بقیہ
30
تاجر برادری

ــــ ـــ ـــــ ــ ـــــــ ـــ ــــــ ـــ ـــــ ــــ ـــ ـــــــ ـ ـــــ ــــ ــــ ــــــ ــ ـــ ــــ ـــــ ــــ ــ ــــــ ـــ ـــــ ــ ـــــــ ـــ ـــ ــــ ـــــ ـــ ــــ ـــ ــــــ ــ ــــ ـــــــ ـــ ـــــ ــ ـــــــ ـــ ــــــ ـــ ـــــ ــــ ـــ ـــــــ ـ ـــــ ــــ ــــ ــــــ ــ ـــ ــــ ـــــ ــــ ــ ــــــ ـــ ـــــ ــ ـــــــ ـــ ـــ ــــ ـــــ ـــ ــــ ـــ ــــــ ــ ــــ ـــــــ ـــ ـــــ ــ ـــــــ ـــ ــــــ ـــ ـــــ ــــ ـــ ـــــــ ـ ـــــ ــــ ــــ ــــــ ــ ـــ ــــ ـــــ ــــ ــ ــــــ ـــ ـــــ ــ ـــــــ ـــ ـــ ــــ ـــــ ـــ ــــ ـــ ــــــ ــ ــــ ـــــــ ـــ ـــــ ــ ـــــــ ـــ ــــــ ـــ ـــــ ــــ ـــ ـــــــ ـ ـــــ ــــ ــــ ــــــ ــ ـــ ــــ ـــــ ــــ ــ ــــــ ـــ ـــــ ــ ـــــــ ـــ ـــ ــــ ـــــ ـــ ــــ ـــ ــــــ ــ ــــ ـــــــ ـــ ـــــ ــ ـــــــ ـــ ــــــ ـــ ـــــ ــــ ـــ ـــــــ ـ ـــــ ــــ ــــ ــــــ ــ ـــ ــــ ـــــ ــــ ــ ــــــ ـــ ـــــ ــ ـــــــ ـــ ـــ ــــ ـــــ ـــ ــــ ـــ ــــــ ــ ــــ ـــــــ ـــ ـــــ ــ ـــــــ ـــ ــــــ ـــ ـــــ ــــ ـــ ـــــــ ـ ـــــ ــــ ــــ ــــــ ــ ـــ ــــ ـــــ ــــ ــ ــــــ ـــ ـــــ ــ ـــــــ ـــ ـــ

بقیہ
31
فلورملز

ــــ ـــ ـــــ ــ ـــــــ ـــ ــــــ ـــ ـــــ ــــ ـــ ـــــــ ـ ـــــ ــــ ــــ ــــــ ــ ـــ ــــ ـــــ ــــ ــ ــــــ ـــ ـــــ ــ ـــــــ ـــ ـــ ــــ ـــــ ـــ ــــ ـــ ــــــ ــ ــــ ـــــــ ـــ ـــــ ــ ـــــــ ـــ ــــــ ـــ ـــــ ــــ ـــ ـــــــ ـ ـــــ ــــ ــــ ــــــ ــ ـــ ــــ ـــــ ــــ ــ ــــــ ـــ ـــــ ــ ـــــــ ـــ ـــ ــــ ـــــ ـــ ــــ ـــ ــــــ ــ ــــ ـــــــ ـــ ـــــ ــ ـــــــ ـــ ــــــ ـــ ـــــ ــــ ـــ ـــــــ ـ ـــــ ــــ ــــ ــــــ ــ ـــ ــــ ـــــ ــــ ــ ــــــ ـــ ـــــ ــ ـــــــ ـــ ـــ ــــ ـــــ ـــ ــــ ـــ ــــــ ــ ــــ ـــــــ ـــ ـــــ ــ ـــــــ ـــ ــــــ ـــ ـــــ ــــ ـــ ـــــــ ـ ـــــ ــــ ــــ ــــــ ــ ـــ ــــ ـــــ ــــ ــ ــــــ ـــ ـــــ ــ ـــــــ ـــ ـــ ــــ ـــــ ـــ ــــ ـــ ــــــ ــ ــــ ـــــــ ـــ ـــــ ــ ـــــــ ـــ ــــــ ـــ ـــــ ــــ ـــ ـــــــ ـ ـــــ ــــ ــــ ــــــ ــ ـــ ــــ ـــــ ــــ ــ ــــــ ـــ ـــــ ــ ـــــــ ـــ ـــ ــــ ـــــ ـــ ــــ ـــ ــــــ ــ ــــ ـــــــ ـــ ـــــ ــ ـــــــ ـــ ــــــ ـــ ـــــ ــــ ـــ ـــــــ ـ ـــــ ــــ ــــ ــــــ ــ ـــ ــــ ـــــ ــــ ــ ــــــ ـــ ـــــ ــ ـــــــ ـــ ـــ

بقیہ
32
معاملہ

ــــ ـــ ـــــ ــ ـــــــ ـــ ــــــ ـــ ـــــ ــــ ـــ ـــــــ ـ ـــــ ــــ ــــ ــــــ ــ ـــ ــــ ـــــ ــــ ــ ــــــ ـــ ـــــ ــ ـــــــ ـــ ـــ ــــ ـــــ ـــ ــــ ـــ ــــــ ــ ــــ ـــــــ ـــ ـــــ ــ ـــــــ ـــ ــــــ ـــ ـــــ ــــ ـــ ـــــــ ـ ـــــ ــــ ــــ ــــــ ــ ـــ ــــ ـــــ ــــ ــ ــــــ ـــ ـــــ ــ ـــــــ ـــ ـــ ــــ ـــــ ـــ ــــ ـــ ــــــ ــ ــــ ـــــــ ـــ ـــــ ــ ـــــــ ـــ ــــــ ـــ ـــــ ــــ ـــ ـــــــ ـ ـــــ ــــ ــــ ــــــ ــ ـــ ــــ ـــــ ــــ ــ ــــــ ـــ ـــــ ــ ـــــــ ـــ ـــ ــــ ـــــ ـــ ــــ ـــ ــــــ ــ ــــ ـــــــ ـــ ـــــ ــ ـــــــ ـــ ــــــ ـــ ـــــ ــــ ـــ ـــــــ ـ ـــــ ــــ ــــ ــــــ ــ ـــ ــــ ـــــ ــــ ــ ــــــ ـــ ـــــ ــ ـــــــ ـــ ـــ ــــ ـــــ ـــ ــــ ـــ ــــــ ــ ــــ ـــــــ ـــ ـــــ ــ ـــــــ ـــ ــــــ ـــ ـــــ ــــ ـــ ـــــــ ـ ـــــ ــــ ــــ ــــــ ــ ـــ ــــ ـــــ ــــ ــ ــــــ ـــ ـــــ ــ ـــــــ ـــ ـــ ــــ ـــــ ـــ ــــ ـــ ــــــ ــ ــــ ـــــــ ـــ ـــــ ــ ـــــــ ـــ ــــــ ـــ ـــــ ــــ ـــ ـــــــ ـ ـــــ ــــ ــــ ــــــ ــ ـــ ــــ ـــــ ــــ ــ ــــــ ـــ ـــــ ــ ـــــــ ـــ ـــ

بقیہ
33
دورہ

ــــ ـــ ـــــ ــ ـــــــ ـــ ــــــ ـــ ـــــ ــــ ـــ ـــــــ ـ ـــــ ــــ ــــ ــــــ ــ ـــ ــــ ـــــ ــــ ــ ــــــ ـــ ـــــ ــ ـــــــ ـــ ـــ ــــ ـــــ ـــ ــــ ـــ ــــــ ــ ــــ ـــــــ ـــ ـــــ ــ ـــــــ ـــ ــــــ ـــ ـــــ ــــ ـــ ـــــــ ـ ـــــ ــــ ــــ ــــــ ــ ـــ ــــ ـــــ ــــ ــ ــــــ ـــ ـــــ ــ ـــــــ ـــ ـــ ــــ ـــــ ـــ ــــ ـــ ــــــ ــ ــــ ـــــــ ـــ ـــــ ــ ـــــــ ـــ ــــــ ـــ ـــــ ــــ ـــ ـــــــ ـ ـــــ ــــ ــــ ــــــ ــ ـــ ــــ ـــــ ــــ ــ ــــــ ـــ ـــــ ــ ـــــــ ـــ ـــ ــــ ـــــ ـــ ــــ ـــ ــــــ ــ ــــ ـــــــ ـــ ـــــ ــ ـــــــ ـــ ــــــ ـــ ـــــ ــــ ـــ ـــــــ ـ ـــــ ــــ ــــ ــــــ ــ ـــ ــــ ـــــ ــــ ــ ــــــ ـــ ـــــ ــ ـــــــ ـــ ـــ ــــ ـــــ ـــ ــــ ـــ ــــــ ــ ــــ ـــــــ ـــ ـــــ ــ ـــــــ ـــ ــــــ ـــ ـــــ ــــ ـــ ـــــــ ـ ـــــ ــــ ــــ ــــــ ــ ـــ ــــ ـــــ ــــ ــ ــــــ ـــ ـــــ ــ ـــــــ ـــ ـــ ــــ ـــــ ـــ ــــ ـــ ــــــ ــ ــــ ـــــــ ـــ ـــــ ــ ـــــــ ـــ ــــــ ـــ ـــــ ــــ ـــ ـــــــ ـ ـــــ ــــ ــــ ــــــ ــ ـــ ــــ ـــــ ــــ ــ ــــــ ـــ ـــــ ــ ـــــــ ـــ ـــ

بقیہ
34
رجوعیہ

ــــ ـــ ـــــ ــ ـــــــ ـــ ــــــ ـــ ـــــ ــــ ـــ ـــــــ ـ ـــــ ــــ ــــ ــــــ ــ ـــ ــــ ـــــ ــــ ــ ــــــ ـــ ـــــ ــ ـــــــ ـــ ـــ ــــ ـــــ ـــ ــــ ـــ ــــــ ــ ــــ ـــــــ ـــ ـــــ ــ ـــــــ ـــ ــــــ ـــ ـــــ ــــ ـــ ـــــــ ـ ـــــ ــــ ــــ ــــــ ــ ـــ ــــ ـــــ ــــ ــ ــــــ ـــ ـــــ ــ ـــــــ ـــ ـــ ــــ ـــــ ـــ ــــ ـــ ــــــ ــ ــــ ـــــــ ـــ ـــــ ــ ـــــــ ـــ ــــــ ـــ ـــــ ــــ ـــ ـــــــ ـ ـــــ ــــ ــــ ــــــ ــ ـــ ــــ ـــــ ــــ ــ ــــــ ـــ ـــــ ــ ـــــــ ـــ ـــ ــــ ـــــ ـــ ــــ ـــ ــــــ ــ ــــ ـــــــ ـــ ـــــ ــ ـــــــ ـــ ــــــ ـــ ـــــ ــــ ـــ ـــــــ ـ ـــــ ــــ ــــ ــــــ ــ ـــ ــــ ـــــ ــــ ــ ــــــ ـــ ـــــ ــ ـــــــ ـــ ـــ ــــ ـــــ ـــ ــــ ـــ ــــــ ــ ــــ ـــــــ ـــ ـــــ ــ ـــــــ ـــ ــــــ ـــ ـــــ ــــ ـــ ـــــــ ـ ـــــ ــــ ــــ ــــــ ــ ـــ ــــ ـــــ ــــ ــ ــــــ ـــ ـــــ ــ ـــــــ ـــ ـــ ــــ ـــــ ـــ ــــ ـــ ــــــ ــ ــــ ـــــــ ـــ ـــــ ــ ـــــــ ـــ ــــــ ـــ ـــــ ــــ ـــ ـــــــ ـ ـــــ ــــ ــــ ــــــ ــ ـــ ــــ ـــــ ــــ ــ ــــــ ـــ ـــــ ــ ـــــــ ـــ ـــ

15/08/2024 مورخہ302/365/201/202/109/343/08/2024

ــــ ـــ ـــــ ــ ـــــــ ـــ ــــــ ـــ ـــــ ــــ ـــ ـــــــ ـ ـــــ ــــ ــــ ــــــ ــ

بقیہ
35
گرفتار

ــــ ـــ ـــــ ــ ـــــــ ـــ ــــــ ـــ ـــــ ــــ ـــ ـــــــ ـ ـــــ ــــ ــــ ــــــ ــ ـــ ــــ ـــــ ــــ ــ ــــــ ـــ ـــــ ــ ـــــــ ـــ ـــ ــــ ـــــ ـــ ــــ ـــ ــــــ ــ ــــ ـــــــ ـــ ـــــ ــ ـــــــ ـــ ــــــ ـــ ـــــ ــــ ـــ ـــــــ ـ ـــــ ــــ ــــ ــــــ ــ ـــ ــــ ـــــ ــــ ــ ــــــ ـــ ـــــ ــ ـــــــ ـــ ـــ ــــ ـــــ ـــ ــــ ـــ ــــــ ــ ــــ ـــــــ ـــ ـــــ ــ ـــــــ ـــ ــــــ ـــ ـــــ ــــ ـــ ـــــــ ـ ـــــ ــــ ــــ ــــــ ــ ـــ ــــ ـــــ ــــ ــ ــــــ ـــ ـــــ ــ ـــــــ ـــ ـــ ــــ ـــــ ـــ ــــ ـــ ــــــ ــ ــــ ـــــــ ـــ ـــــ ــ ـــــــ ـــ ــــــ ـــ ـــــ ــــ ـــ ـــــــ ـ ـــــ ــــ ــــ ــــــ ــ ـــ ــــ ـــــ ــــ ــ ــــــ ـــ ـــــ ــ ـــــــ ـــ ـــ ــــ ـــــ ـــ ــــ ـــ ــــــ ــ ــــ ـــــــ ـــ ـــــ ــ ـــــــ ـــ ــــــ ـــ ـــــ ــــ ـــ ـــــــ ـ ـــــ ــــ ــــ ــــــ ــ ـــ ــــ ـــــ ــــ ــ ــــــ ـــ ـــــ ــ ـــــــ ـــ ـــ ــــ ـــــ ـــ ــــ

بقیہ
36
غربت بازی

ــــ ـــ ـــــ ــ ـــــــ ـــ ــــــ ـــ ـــــ ــــ ـــ ـــــــ ـ ـــــ ــــ ــــ ــــــ ــ ـــ ــــ ـــــ ــــ ــ ــــــ ـــ ـــــ ــ ـــــــ ـــ ـــ ــــ ـــــ ـــ ــــ ـــ ــــــ ــ ــــ ـــــــ ـــ ـــــ ــ ـــــــ ـــ ــــــ ـــ ـــــ ــــ ـــ ـــــــ ـ ـــــ ــــ ــــ ــــــ ــ ـــ ــــ ـــــ ــــ ــ ــــــ ـــ ـــــ ــ ـــــــ ـــ ـــ ــــ ـــــ ـــ ــــ ـــ ــــــ ــ ــــ ـــــــ ـــ ـــــ ــ ـــــــ ـــ ــــــ ـــ ـــــ ــــ ـــ ـــــــ ـ ـــــ ــــ ــــ ــــــ ــ ـــ ــــ ـــــ ــــ ــ ــــــ ـــ ـــــ ــ ـــــــ ـــ ـــ ــــ ـــــ ـــ ــــ ـــ ــــــ ــ ــــ ـــــــ ـــ ـــــ ــ ـــــــ ـــ ــــــ ـــ ـــــ ــــ ـــ ـــــــ ـ ـــــ ــــ ــــ ــــــ ــ ـــ ــــ ـــــ ــــ ــ ــــــ ـــ ـــــ ــ ـــــــ ـــ ـــ ــــ ـــــ ـــ ــــ ـــ ــــــ ــ ــــ ـــــــ ـــ ـــــ ــ ـــــــ ـــ ــــــ ـــ ـــــ ــــ ـــ ـــــــ ـ ـــــ ــــ ــــ ــــــ ــ ـــ ــــ ـــــ ــــ ــ ــــــ ـــ ـــــ ــ ـــــــ ـــ ـــ ــــ ـــــ ـــ ــــ

بقیہ
37
امکان

ــــ ـــ ـــــ ــ ـــــــ ـــ ــــــ ـــ ـــــ ــــ ـــ ـــــــ ـ ـــــ ــــ ــــ ــــــ ــ ـــ ــــ ـــــ ــــ ــ ــــــ ـــ ـــــ ــ ـــــــ ـــ ـــ ــــ ـــــ ـــ ــــ ـــ ــــــ ــ ــــ ـــــــ ـــ ـــــ ــ ـــــــ ـــ ــــــ ـــ ـــــ ــــ ـــ ـــــــ ـ ـــــ ــــ ــــ ــــــ ــ ـــ ــــ ـــــ ــــ ــ ــــــ ـــ ـــــ ــ ـــــــ ـــ ـــ ــــ ـــــ ـــ ــــ ـــ ــــــ ــ ــــ ـــــــ ـــ ـــــ ــ ـــــــ ـــ ــــــ ـــ ـــــ ــــ ـــ ـــــــ ـ ـــــ ــــ ــــ ــــــ ــ ـــ ــــ ـــــ ــــ ــ ــــــ ـــ ـــــ ــ ـــــــ ـــ ـــ ــــ ـــــ ـــ ــــ ـــ ــــــ ــ ــــ ـــــــ ـــ ـــــ ــ ـــــــ ـــ ــــــ ـــ ـــــ ــــ ـــ ـــــــ ـ ـــــ ــــ ــــ ــــــ ــ ـــ ــــ ـــــ ــــ ــ ــــــ ـــ ـــــ ــ ـــــــ ـــ ـــ ــــ ـــــ ـــ ــــ ـــ ــــــ ــ ــــ ـــــــ ـــ ـــــ ــ ـــــــ ـــ ــــــ ـــ ـــــ ــــ ـــ ـــــــ ـ ـــــ ــــ ــــ ــــــ ــ ـــ ــــ ـــــ ــــ ــ ــــــ ـــ ـــــ ــ ـــــــ ـــ ـــ ــــ ـــــ ـــ ــــ

بقیہ
38
افواہیں

ــــ ـــ ـــــ ــ ـــــــ ـــ ــــــ ـــ ـــــ ــــ ـــ ـــــــ ـ ـــــ ــــ ــــ ــــــ ــ ـــ ــــ ـــــ ــــ ــ ــــــ ـــ ـــــ ــ ـــــــ ـــ ـــ ــــ ـــــ ـــ ــــ ـــ ــــــ ــ ــــ ـــــــ ـــ ـــــ ــ ـــــــ ـــ ــــــ ـــ ـــــ ــــ ـــ ـــــــ ـ ـــــ ــــ ــــ ــــــ ــ ـــ ــــ ـــــ ــــ ــ ــــــ ـــ ـــــ ــ ـــــــ ـــ ـــ ــــ ـــــ ـــ ــــ ـــ ــــــ ــ ــــ ـــــــ ـــ ـــــ ــ ـــــــ ـــ ــــــ ـــ ـــــ ــــ ـــ ـــــــ ـ ـــــ ــــ ــــ ــــــ ــ ـــ ــــ ـــــ ــــ ــ ــــــ ـــ ـــــ ــ ـــــــ ـــ ـــ ــــ ـــــ ـــ ــــ ـــ ــــــ ــ ــــ ـــــــ ـــ ـــــ ــ ـــــــ ـــ ــــــ ـــ ـــــ ــــ ـــ ـــــــ ـ ـــــ ــــ ــــ ــــــ ــ ـــ ــــ ـــــ ــــ ــ ــــــ ـــ ـــــ ــ ـــــــ ـــ ـــ ــــ ـــــ ـــ ــــ ـــ ــــــ ــ ــــ ـــــــ ـــ ـــــ ــ ـــــــ ـــ ــــــ ـــ ـــــ ــــ ـــ ـــــــ ـ ـــــ ــــ ــــ ــــــ ــ ـــ ــــ ـــــ ــــ ــ ــــــ ـــ ـــــ ــ ـــــــ ـــ ـــ ــــ ـــــ ـــ ــــ

بقیہ
39
کریک ڈاؤن

ــــ ـــ ـــــ ــ ـــــــ ـــ ــــــ ـــ ـــــ ــــ ـــ ـــــــ ـ ـــــ ــــ ــــ ــــــ ــ ـــ ــــ ـــــ ــــ ــ ــــــ ـــ ـــــ ــ ـــــــ ـــ ـــ ــــ ـــــ ـــ ــــ ـــ ــــــ ــ ــــ ـــــــ ـــ ـــــ ــ ـــــــ ـــ ــــــ ـــ ـــــ ــــ ـــ ـــــــ ـ ـــــ ــــ ــــ ــــــ ــ ـــ ــــ ـــــ ــــ ــ ــــــ ـــ ـــــ ــ ـــــــ ـــ ـــ ــــ ـــــ ـــ ــــ ـــ ــــــ ــ ــــ ـــــــ ـــ ـــــ ــ ـــــــ ـــ ــــــ ـــ ـــــ ــــ ـــ ـــــــ ـ ـــــ ــــ ــــ ــــــ ــ ـــ ــــ ـــــ ــــ ــ ــــــ ـــ ـــــ ــ ـــــــ ـــ ـــ ــــ ـــــ ـــ ــــ ـــ ــــــ ــ ــــ ـــــــ ـــ ـــــ ــ ـــــــ ـــ ــــــ ـــ ـــــ ــــ ـــ ـــــــ ـ ـــــ ــــ ــــ ــــــ ــ ـــ ــــ ـــــ ــــ ــ ــــــ ـــ ـــــ ــ ـــــــ ـــ ـــ ــــ ـــــ ـــ ــــ ـــ ــــــ ــ ــــ ـــــــ ـــ ـــــ ــ ـــــــ ـــ ــــــ ـــ ـــــ ــــ ـــ ـــــــ ـ ـــــ ــــ ــــ ــــــ ــ ـــ ــــ ـــــ ــــ ــ ــــــ ـــ ـــــ ــ ـــــــ ـــ ـــ ــــ ـــــ ـــ ــــ

بقیہ
40
سسٹم

ــــ ـــ ـــــ ــ ـــــــ ـــ ــــــ ـــ ـــــ ــــ ـــ ـــــــ ـ ـــــ ــــ ــــ ــــــ ــ ـــ ــــ ـــــ ــــ ــ ــــــ ـــ ـــــ ــ ـــــــ ـــ ـــ ــــ ـــــ ـــ ــــ ـــ ــــــ ــ ــــ ـــــــ ـــ ـــــ ــ ـــــــ ـــ ــــــ ـــ ـــــ ــــ ـــ ـــــــ ـ ـــــ ــــ ــــ ــــــ ــ ـــ ــــ ـــــ ــــ ــ ــــــ ـــ ـــــ ــ ـــــــ ـــ ـــ ــــ ـــــ ـــ ــــ ـــ ــــــ ــ ــــ ـــــــ ـــ ـــــ ــ ـــــــ ـــ ــــــ ـــ ـــــ ــــ ـــ ـــــــ ـ ـــــ ــــ ــــ ــــــ ــ ـــ ــــ ـــــ ــــ ــ ــــــ ـــ ـــــ ــ ـــــــ ـــ ـــ ــــ ـــــ ـــ ــــ ـــ ــــــ ــ ــــ ـــــــ ـــ ـــــ ــ ـــــــ ـــ ــــــ ـــ ـــــ ــــ ـــ ـــــــ ـ ـــــ ــــ ــــ ــــــ ــ ـــ ــــ ـــــ ــــ ــ ــــــ ـــ ـــــ ــ ـــــــ ـــ ـــ ــــ ـــــ ـــ ــــ ـــ ــــــ ــ ــــ ـــــــ ـــ ـــــ ــ ـــــــ ـــ ــــــ ـــ ـــــ ــــ ـــ ـــــــ ـ ـــــ ــــ ــــ ــــــ ــ ـــ ــــ ـــــ ــــ ــ ــــــ ـــ ـــــ ــ ـــــــ ـــ ـــ ــــ ـــــ ـــ ــــ

ــــ ـــ ـــــ ــ ـــــــ ـــ ــــــ ـــ ـــــ ــــ ـــ ـــــــ ـ ـــــ ــــ ــــ ــــــ ــ

بقیہ
41
زکوۃ

ــــ ـــ ـــــ ــ ـــــــ ـــ ــــــ ـــ ـــــ ــــ ـــ ـــــــ ـ ـــــ ــــ ــــ ــــــ ــ ـــ ــــ ـــــ ــــ ــ ــــــ ـــ ـــــ ــ ـــــــ ـــ ـــ ــــ ـــــ ـــ ــــ ـــ ــــــ ــ ــــ ـــــــ ـــ ـــــ ــ ـــــــ ـــ ــــــ ـــ ـــــ ــــ ـــ ـــــــ ـ ـــــ ــــ ــــ ــــــ ــ ـــ ــــ ـــــ ــــ ــ ــــــ ـــ ـــــ ــ ـــــــ ـــ ـــ ــــ ـــــ ـــ ــــ ـــ ــــــ ــ ــــ ـــــــ ـــ ـــــ ــ ـــــــ ـــ ــــــ ـــ ـــــ ــــ ـــ ـــــــ ـ ـــــ ــــ ــــ ــــــ ــ ـــ ــــ ـــــ ــــ ــ ــــــ ـــ ـــــ ــ ـــــــ ـــ ـــ ــــ ـــــ ـــ ــــ ـــ ــــــ ــ ــــ ـــــــ ـــ ـــــ ــ ـــــــ ـــ ــــــ ـــ ـــــ ــــ ـــ ـــــــ ـ ـــــ ــــ ــــ ــــــ ــ ـــ ــــ ـــــ ــــ ــ ــــــ ـــ ـــــ ــ ـــــــ ـــ ـــ ــــ ـــــ ـــ ــــ ـــ ــــــ ــ ــــ ـــــــ ـــ ـــــ ــ ـــــــ ـــ ــــــ ـــ

بقیہ
42
(P & D) پیشرفت

ــــ ـــ ـــــ ــ ـــــــ ـــ ــــــ ـــ ـــــ ــــ ـــ ـــــــ ـ ـــــ ــــ ــــ ــــــ ــ ـــ ــــ ـــــ ــــ ــ ــــــ ـــ ـــــ ــ ـــــــ ـــ ـــ ــــ ـــــ ـــ ــــ ـــ ــــــ ــ ــــ ـــــــ ـــ ـــــ ــ ـــــــ ـــ ــــــ ـــ ـــــ ــــ ـــ ـــــــ ـ ـــــ ــــ ــــ ــــــ ــ ـــ ــــ ـــــ ــــ ــ ــــــ ـــ ـــــ ــ ـــــــ ـــ ـــ ــــ ـــــ ـــ ــــ ـــ ــــــ ــ ــــ ـــــــ ـــ ـــــ ــ ـــــــ ـــ ــــــ ـــ ـــــ ــــ ـــ ـــــــ ـ ـــــ ــــ ــــ ــــــ ــ ـــ ــــ ـــــ ــــ ــ ــــــ ـــ ـــــ ــ ـــــــ ـــ ـــ ــــ ـــــ ـــ ــــ ـــ ــــــ ــ ــــ ـــــــ ـــ ـــــ ــ ـــــــ ـــ ــــــ ـــ ـــــ ــــ ـــ ـــــــ ـ ـــــ ــــ ــــ ــــــ ــ ـــ ــــ ـــــ ــــ ــ ــــــ ـــ ـــــ ــ ـــــــ ـــ ـــ ــــ ـــــ ـــ ــــ ـــ ــــــ ــ ــــ ـــــــ ـــ ـــــ ــ ـــــــ ـــ ــــــ ـــ

بقیہ
43
ادویات

ــــ ـــ ـــــ ــ ـــــــ ـــ ــــــ ـــ ـــــ ــــ ـــ ـــــــ ـ ـــــ ــــ ــــ ــــــ ــ ـــ ــــ ـــــ ــــ ــ ــــــ ـــ ـــــ ــ ـــــــ ـــ ـــ ــــ ـــــ ـــ ــــ ـــ ــــــ ــ ــــ ـــــــ ـــ ـــــ ــ ـــــــ ـــ ــــــ ـــ ـــــ ــــ ـــ ـــــــ ـ ـــــ ــــ ــــ ــــــ ــ ـــ ــــ ـــــ ــــ ــ ــــــ ـــ ـــــ ــ ـــــــ ـــ ـــ ــــ ـــــ ـــ ــــ ـــ ــــــ ــ ــــ ـــــــ ـــ ـــــ ــ ـــــــ ـــ ــــــ ـــ ـــــ ــــ ـــ ـــــــ ـ ـــــ ــــ ــــ ــــــ ــ ـــ ــــ ـــــ ــــ ــ ــــــ ـــ ـــــ ــ ـــــــ ـــ ـــ ــــ ـــــ ـــ ــــ ـــ ــــــ ــ ــــ ـــــــ ـــ ـــــ ــ ـــــــ ـــ ــــــ ـــ ـــــ ــــ ـــ ـــــــ ـ ـــــ ــــ ــــ ــــــ ــ ـــ ــــ ـــــ ــــ ــ ــــــ ـــ ـــــ ــ ـــــــ ـــ ـــ ــــ ـــــ ـــ ــــ ـــ ــــــ ــ ــــ ـــــــ ـــ ـــــ ــ ـــــــ ـــ ــــــ ـــ

بقیہ
44
مہم

ــــ ـــ ـــــ ــ ـــــــ ـــ ــــــ ـــ ـــــ ــــ ـــ ـــــــ ـ ـــــ ــــ ــــ ــــــ ــ ـــ ــــ ـــــ ــــ ــ ــــــ ـــ ـــــ ــ ـــــــ ـــ ـــ ــــ ـــــ ـــ ــــ ـــ ــــــ ــ ــــ ـــــــ ـــ ـــــ ــ ـــــــ ـــ ــــــ ـــ ـــــ ــــ ـــ ـــــــ ـ ـــــ ــــ ــــ ــــــ ــ ـــ ــــ ـــــ ــــ ــ ــــــ ـــ ـــــ ــ ـــــــ ـــ ـــ ــــ ـــــ ـــ ــــ ـــ ــــــ ــ ــــ ـــــــ ـــ ـــــ ــ ـــــــ ـــ ــــــ ـــ ـــــ ــــ ـــ ـــــــ ـ ـــــ ــــ ــــ ــــــ ــ ـــ ــــ ـــــ ــــ ــ ــــــ ـــ ـــــ ــ ـــــــ ـــ ـــ ــــ ـــــ ـــ ــــ ـــ ــــــ ــ ــــ ـــــــ ـــ ـــــ ــ ـــــــ ـــ ــــــ ـــ ـــــ ــــ ـــ ـــــــ ـ ـــــ ــــ ــــ ــــــ ــ ـــ ــــ ـــــ ــــ ــ ــــــ ـــ ـــــ ــ ـــــــ ـــ ـــ ــــ ـــــ ـــ ــــ ـــ ــــــ ــ ــــ ـــــــ ـــ ـــــ ــ ـــــــ ـــ ــــــ ـــ

بقیہ
45
وضاحت

ــــ ـــ ـــــ ــ ـــــــ ـــ ــــــ ـــ ـــــ ــــ ـــ ـــــــ ـ ـــــ ــــ ــــ ــــــ ــ ـــ ــــ ـــــ ــــ ــ ــــــ ـــ ـــــ ــ ـــــــ ـــ ـــ ــــ ـــــ ـــ ــــ ـــ ــــــ ــ ــــ ـــــــ ـــ ـــــ ــ ـــــــ ـــ ــــــ ـــ ـــــ ــــ ـــ ـــــــ ـ ـــــ ــــ ــــ ــــــ ــ ـــ ــــ ـــــ ــــ ــ ــــــ ـــ ـــــ ــ ـــــــ ـــ ـــ ــــ ـــــ ـــ ــــ ـــ ــــــ ــ ــــ ـــــــ ـــ ـــــ ــ ـــــــ ـــ ــــــ ـــ ـــــ ــــ ـــ ـــــــ ـ ـــــ ــــ ــــ ــــــ ــ ـــ ــــ ـــــ ــــ ــ ــــــ ـــ ـــــ ــ ـــــــ ـــ ـــ ــــ ـــــ ـــ ــــ ـــ ــــــ ــ ــــ ـــــــ ـــ ـــــ ــ ـــــــ ـــ ــــــ ـــ ـــــ ــــ ـــ ـــــــ ـ ـــــ ــــ ــــ ــــــ ــ ـــ ــــ ـــــ ــــ ــ ــــــ ـــ ـــــ ــ ـــــــ ـــ ـــ ــــ ـــــ ـــ ــــ ـــ ــــــ ــ ــــ ـــــــ ـــ ـــــ ــ ـــــــ ـــ ــــــ ـــ

بقیہ
46
شرکت

ــــ ـــ ـــــ ــ ـــــــ ـــ ــــــ ـــ ـــــ ــــ ـــ ـــــــ ـ ـــــ ــــ ــــ ــــــ ــ ـــ ــــ ـــــ ــــ ــ ــــــ ـــ ـــــ ــ ـــــــ ـــ ـــ ــــ ـــــ ـــ ــــ ـــ ــــــ ــ ــــ ـــــــ ـــ ـــــ ــ ـــــــ ـــ ــــــ ـــ ـــــ ــــ ـــ ـــــــ ـ ـــــ ــــ ــــ ــــــ ــ ـــ ــــ ـــــ ــــ ــ ــــــ ـــ ـــــ ــ ـــــــ ـــ ـــ ــــ ـــــ ـــ ــــ ـــ ــــــ ــ ــــ ـــــــ ـــ ـــــ ــ ـــــــ ـــ ــــــ ـــ ـــــ ــــ ـــ ـــــــ ـ ـــــ ــــ ــــ ــــــ ــ ـــ ــــ ـــــ ــــ ــ ــــــ ـــ ـــــ ــ ـــــــ ـــ ـــ ــــ ـــــ ـــ ــــ ـــ ــــــ ــ ــــ ـــــــ ـــ ـــــ ــ ـــــــ ـــ ــــــ ـــ ـــــ ــــ ـــ ـــــــ ـ ـــــ ــــ ــــ ــــــ ــ ـــ ــــ ـــــ ــــ ــ ــــــ ـــ ـــــ ــ ـــــــ ـــ ـــ ــــ ـــــ ـــ ــــ ـــ ــــــ ــ ــــ ـــــــ ـــ ـــــ ــ ـــــــ ـــ ــــــ ـــ

بقیہ
47
پالیسی

ــــ ـــ ـــــ ــ ـــــــ ـــ ــــــ ـــ ـــــ ــــ ـــ ـــــــ ـ ـــــ ــــ ــــ ــــــ ــ ـــ ــــ ـــــ ــــ ــ ــــــ ـــ ـــــ ــ ـــــــ ـــ ـــ ــــ ـــــ ـــ ــــ ـــ ــــــ ــ ــــ ـــــــ ـــ ـــــ ــ ـــــــ ـــ ــــــ ـــ ـــــ ــــ ـــ ـــــــ ـ ـــــ ــــ ــــ ــــــ ــ ـــ ــــ ـــــ ــــ ــ ــــــ ـــ ـــــ ــ ـــــــ ـــ ـــ ــــ ـــــ ـــ ــــ ـــ ــــــ ــ ــــ ـــــــ ـــ ـــــ ــ ـــــــ ـــ ــــــ ـــ ـــــ ــــ ـــ ـــــــ ـ ـــــ ــــ ــــ ــــــ ــ ـــ ــــ ـــــ ــــ ــ ــــــ ـــ ـــــ ــ ـــــــ ـــ ـــ ــــ ـــــ ـــ ــــ ـــ ــــــ ــ ــــ ـــــــ ـــ ـــــ ــ ـــــــ ـــ ــــــ ـــ ـــــ ــــ ـــ ـــــــ ـ ـــــ ــــ ــــ ــــــ ــ ـــ ــــ ـــــ ــــ ــ ــــــ ـــ ـــــ ــ ـــــــ ـــ ـــ ــــ ـــــ ـــ ــــ ـــ ــــــ ــ ــــ ـــــــ ـــ ـــــ ــ ـــــــ ـــ ــــــ ـــ

ــــ ـــ ـــــ ــ ـــــــ ـــ ــــــ ـــ ـــــ ــــ ـــ ـــــــ ـ ـــــ ــــ ــــ ــــــ ــ

بقیہ
48
کارکردگی

ــــ ـــ ـــــ ــ ـــــــ ـــ ــــــ ـــ ـــــ ــــ ـــ ـــــــ ـ ـــــ ــــ ــــ ــــــ ــ ـــ ــــ ـــــ ــــ ــ ــــــ ـــ ـــــ ــ ـــــــ ـــ ـــ ــــ ـــــ ـــ ــــ ـــ ــــــ ــ ــــ ـــــــ ـــ ـــــ ــ ـــــــ ـــ ــــــ ـــ ـــــ ــــ ـــ ـــــــ ـ ـــــ ــــ ــــ ــــــ ــ ـــ ــــ ـــــ ــــ ــ ــــــ

بقیہ
49
نظام

ــــ ـــ ـــــ ــ ـــــــ ـــ ــــــ ـــ ـــــ ــــ ـــ ـــــــ ـ ـــــ ــــ ــــ ــــــ ــ ـــ ــــ ـــــ ــــ ــ ــــــ ـــ ـــــ ــ ـــــــ ـــ ـــ ــــ ـــــ ـــ ــــ ـــ ــــــ ــ ــــ ـــــــ ـــ ـــــ ــ ـــــــ ـــ ــــــ ـــ ـــــ ــــ ـــ ـــــــ ـ ـــــ ــــ ــــ ــــــ ــ ـــ ــــ ـــــ ــــ ــ ــــــ

بقیہ
50
ثبوت

ــــ ـــ ـــــ ــ ـــــــ ـــ ــــــ ـــ ـــــ ــــ ـــ ـــــــ ـ ـــــ ــــ ــــ ــــــ ــ ـــ ــــ ـــــ ــــ ــ ــــــ ـــ ـــــ ــ ـــــــ ـــ ـــ ــــ ـــــ ـــ ــــ ـــ ــــــ ــ ــــ ـــــــ ـــ ـــــ ــ ـــــــ ـــ ــــــ ـــ ـــــ ــــ ـــ ـــــــ ـ ـــــ ــــ ــــ ــــــ ــ ـــ ــــ ـــــ ــــ ــ ــــــ

بقیہ
51
ایکٹ

ــــ ـــ ـــــ ــ ـــــــ ـــ ــــــ ـــ ـــــ ــــ ـــ ـــــــ ـ ـــــ ــــ ــــ ــــــ ــ ـــ ــــ ـــــ ــــ ــ ــــــ ـــ ـــــ ــ ـــــــ ـــ ـــ ــــ ـــــ ـــ ــــ ـــ ــــــ ــ ــــ ـــــــ ـــ ـــــ ــ ـــــــ ـــ ــــــ ـــ ـــــ ــــ ـــ ـــــــ ـ ـــــ ــــ ــــ ــــــ ــ ـــ ــــ ـــــ ــــ ــ ــــــ

بقیہ
52
طالبات

ــــ ـــ ـــــ ــ ـــــــ ـــ ــــــ ـــ ـــــ ــــ ـــ ـــــــ ـ ـــــ ــــ ــــ ــــــ ــ ـــ ــــ ـــــ ــــ ــ ــــــ ـــ ـــــ ــ ـــــــ ـــ ـــ ــــ ـــــ ـــ ــــ ـــ ــــــ ــ ــــ ـــــــ ـــ ـــــ ــ ـــــــ ـــ ــــــ ـــ ـــــ ــــ ـــ ـــــــ ـ ـــــ ــــ ــــ ــــــ ــ ـــ ــــ ـــــ ــــ ــ ــــــ

بقیہ
53
گیس

ــــ ـــ ـــــ ــ ـــــــ ـــ ــــــ ـــ ـــــ ــــ ـــ ـــــــ ـ ـــــ ــــ ــــ ــــــ ــ ـــ ــــ ـــــ ــــ ــ ــــــ ـــ ـــــ ــ ـــــــ ـــ ـــ ــــ ـــــ ـــ ــــ ـــ ــــــ ــ ــــ ـــــــ ـــ ـــــ ــ ـــــــ ـــ ــــــ ـــ ـــــ ــــ ـــ ـــــــ ـ ـــــ ــــ ــــ ــــــ ــ ـــ ــــ ـــــ ــــ ــ ــــــ

بقیہ
54
قیمتیں

ــــ ـــ ـــــ ــ ـــــــ ـــ ــــــ ـــ ـــــ ــــ ـــ ـــــــ ـ ـــــ ــــ ــــ ــــــ ــ ـــ ــــ ـــــ ــــ ــ ــــــ ـــ ـــــ ــ ـــــــ ـــ ـــ ــــ ـــــ ـــ ــــ ـــ ــــــ ــ ــــ ـــــــ ـــ ـــــ ــ ـــــــ ـــ ــــــ ـــ ـــــ ــــ ـــ ـــــــ ـ ـــــ ــــ ــــ ــــــ ــ ـــ ــــ ـــــ ــــ ــ ــــــ

بقیہ
55
اضافہ

ــــ ـــ ـــــ ــ ـــــــ ـــ ــــــ ـــ ـــــ ــــ ـــ ـــــــ ـ ـــــ ــــ ــــ ــــــ ــ ـــ ــــ ـــــ ــــ ــ ــــــ ـــ ـــــ ــ ـــــــ ـــ ـــ ــــ ـــــ ـــ ــــ ـــ ــــــ ــ ــــ ـــــــ ـــ ـــــ ــ ـــــــ ـــ ــــــ ـــ ـــــ ــــ ـــ ـــــــ ـ ـــــ ــــ ــــ ــــــ ــ ـــ ــــ ـــــ ــــ ــ ــــــ

بقیہ
56
سماعت

ــــ ـــ ـــــ ــ ـــــــ ـــ ــــــ ـــ ـــــ ــــ ـــ ـــــــ ـ ـــــ ــــ ــــ ــــــ ــ ـــ ــــ ـــــ ــــ ــ ــــــ ـــ ـــــ ــ ـــــــ ـــ ـــ ــــ ـــــ ـــ ــــ ـــ ــــــ ــ ــــ ـــــــ ـــ ـــــ ــ ـــــــ ـــ ــــــ ـــ ـــــ ــــ ـــ ـــــــ ـ ـــــ ــــ ــــ ــــــ ــ ـــ ــــ ـــــ ــــ ــ ــــــ

بقیہ
57
ہلاک

ــــ ـــ ـــــ ــ ـــــــ ـــ ــــــ ـــ ـــــ ــــ ـــ ـــــــ ـ ـــــ ــــ ــــ ــــــ ــ ـــ ــــ ـــــ ــــ ــ ــــــ ـــ ـــــ ــ ـــــــ ـــ ـــ ــــ ـــــ ـــ ــــ ـــ ــــــ ــ ــــ ـــــــ ـــ ـــــ ــ ـــــــ ـــ ــــــ ـــ ـــــ ــــ ـــ ـــــــ ـ ـــــ ــــ ــــ ــــــ ــ ـــ ــــ ـــــ ــــ ــ ــــــ

بقیہ
58
سائنس

ــــ ـــ ـــــ ــ ـــــــ ـــ ــــــ ـــ ـــــ ــــ ـــ ـــــــ ـ ـــــ ــــ ــــ ــــــ ــ ـــ ــــ ـــــ ــــ ــ ــــــ ـــ ـــــ ــ ـــــــ ـــ ـــ ــــ ـــــ ـــ ــــ ـــ ــــــ ــ ــــ ـــــــ ـــ ـــــ ــ ـــــــ ـــ ــــــ ـــ ـــــ ــــ ـــ ـــــــ ـ ـــــ ــــ ــــ ــــــ ــ ـــ ــــ ـــــ ــــ ــ ــــــ

بقیہ
59
رسائی

ــــ ـــ ـــــ ــ ـــــــ ـــ ــــــ ـــ ـــــ ــــ ـــ ـــــــ ـ ـــــ ــــ ــــ ــــــ ــ ـــ ــــ ـــــ ــــ ــ ــــــ ـــ ـــــ ــ ـــــــ ـــ ـــ ــــ ـــــ ـــ ــــ ـــ ــــــ ــ ــــ ـــــــ ـــ ـــــ ــ ـــــــ ـــ ــــــ ـــ ـــــ ــــ ـــ ـــــــ ـ ـــــ ــــ ــــ ــــــ ــ ـــ ــــ ـــــ ــــ ــ ــــــ

بقیہ
60
مدارس

ــــ ـــ ـــــ ــ ـــــــ ـــ ــــــ ـــ ـــــ ــــ ـــ ـــــــ ـ ـــــ ــــ ــــ ــــــ ــ ـــ ــــ ـــــ ــــ ــ ــــــ ـــ ـــــ ــ ـــــــ ـــ ـــ ــــ ـــــ ـــ ــــ ـــ ــــــ ــ ــــ ـــــــ ـــ ـــــ ــ ـــــــ ـــ ــــــ ـــ ـــــ ــــ ـــ ـــــــ ـ ـــــ ــــ ــــ ــــــ ــ ـــ ــــ ـــــ ــــ ــ ــــــ

بقیہ
61
برہمی

ــــ ـــ ـــــ ــ ـــــــ ـــ ــــــ ـــ ـــــ ــــ ـــ ـــــــ ـ ـــــ ــــ ــــ ــــــ ــ ـــ ــــ ـــــ ــــ ــ ــــــ ـــ ـــــ ــ ـــــــ ـــ ـــ ــــ ـــــ ـــ ــــ ـــ ــــــ ــ ــــ ـــــــ ـــ ـــــ ــ ـــــــ ـــ ــــــ ـــ ـــــ ــــ ـــ ـــــــ ـ ـــــ ــــ ــــ ــــــ ــ ـــ ــــ ـــــ ــــ ــ ــــــ

41.68 29.68 17781762 160 120 620400 130 294 5072025
